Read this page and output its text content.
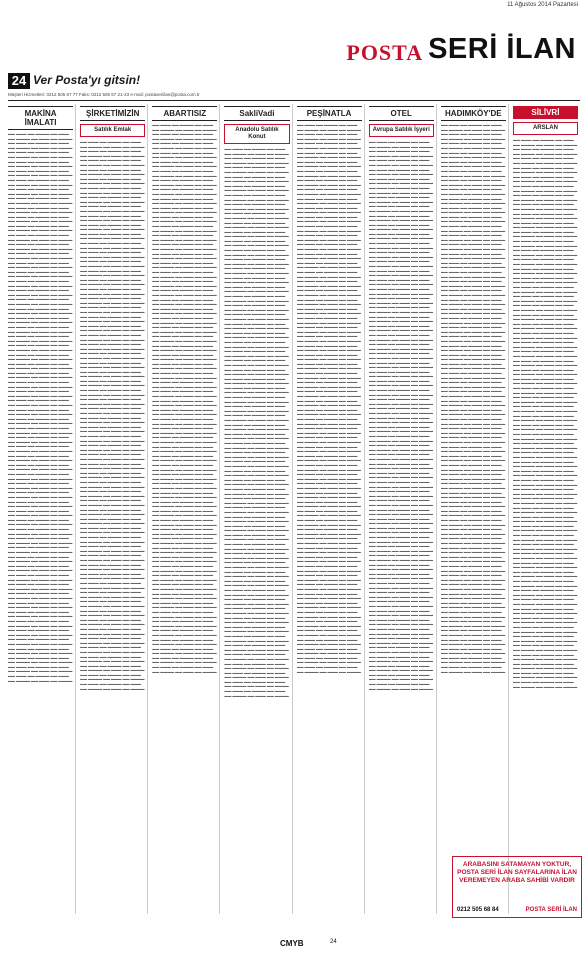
11 Ağustos 2014 Pazartesi
POSTA SERİ İLAN
24 Ver Posta'yı gitsin!
Müşteri Hizmetleri: 0212 505 67 77 Faks: 0212 505 67 21-23 e-mail: postaseriilan@posta.com.tr
MAKİNA İMALATI
▬▬ ▬▬▬ ▬▬ ▬▬▬▬ ▬▬ ▬▬▬ ▬▬ ▬▬▬▬ ▬▬ ▬▬▬ ▬▬ ▬▬▬▬ ▬▬ ▬▬▬ ▬▬ ▬▬▬▬ ▬▬ ▬▬▬ ▬▬ ▬▬▬▬ ▬▬ ▬▬▬ ▬▬ ▬▬▬▬ ▬▬ ▬▬▬ ▬▬ ▬▬▬▬ ▬▬ ▬▬▬ ▬▬ ▬▬▬▬ ▬▬ ▬▬▬ ▬▬ ▬▬▬▬ ▬▬ ▬▬▬ ▬▬ ▬▬▬▬ ▬▬ ▬▬▬ ▬▬ ▬▬▬▬ ▬▬ ▬▬▬ ▬▬ ▬▬▬▬ ▬▬ ▬▬▬ ▬▬ ▬▬▬▬ ▬▬ ▬▬▬ ▬▬ ▬▬▬▬ ▬▬ ▬▬▬ ▬▬ ▬▬▬▬ ▬▬ ▬▬▬ ▬▬ ▬▬▬▬ ▬▬ ▬▬▬ ▬▬ ▬▬▬▬ ▬▬ ▬▬▬ ▬▬ ▬▬▬▬ ▬▬ ▬▬▬ ▬▬ ▬▬▬▬ ▬▬ ▬▬▬ ▬▬ ▬▬▬▬ ▬▬ ▬▬▬ ▬▬ ▬▬▬▬ ▬▬ ▬▬▬ ▬▬ ▬▬▬▬ ▬▬ ▬▬▬ ▬▬ ▬▬▬▬ ▬▬ ▬▬▬ ▬▬ ▬▬▬▬ ▬▬ ▬▬▬ ▬▬ ▬▬▬▬ ▬▬ ▬▬▬ ▬▬ ▬▬▬▬ ▬▬ ▬▬▬ ▬▬ ▬▬▬▬ ▬▬ ▬▬▬ ▬▬ ▬▬▬▬ ▬▬ ▬▬▬ ▬▬ ▬▬▬▬ ▬▬ ▬▬▬ ▬▬ ▬▬▬▬ ▬▬ ▬▬▬ ▬▬ ▬▬▬▬ ▬▬ ▬▬▬ ▬▬ ▬▬▬▬ ▬▬ ▬▬▬ ▬▬ ▬▬▬▬ ▬▬ ▬▬▬ ▬▬ ▬▬▬▬ ▬▬ ▬▬▬ ▬▬ ▬▬▬▬ ▬▬ ▬▬▬ ▬▬ ▬▬▬▬ ▬▬ ▬▬▬ ▬▬ ▬▬▬▬ ▬▬ ▬▬▬ ▬▬ ▬▬▬▬ ▬▬ ▬▬▬ ▬▬ ▬▬▬▬ ▬▬ ▬▬▬ ▬▬ ▬▬▬▬ ▬▬ ▬▬▬ ▬▬ ▬▬▬▬ ▬▬ ▬▬▬ ▬▬ ▬▬▬▬ ▬▬ ▬▬▬ ▬▬ ▬▬▬▬ ▬▬ ▬▬▬ ▬▬ ▬▬▬▬ ▬▬ ▬▬▬ ▬▬ ▬▬▬▬ ▬▬ ▬▬▬ ▬▬ ▬▬▬▬ ▬▬ ▬▬▬ ▬▬ ▬▬▬▬ ▬▬ ▬▬▬ ▬▬ ▬▬▬▬ ▬▬ ▬▬▬ ▬▬ ▬▬▬▬ ▬▬ ▬▬▬ ▬▬ ▬▬▬▬ ▬▬ ▬▬▬ ▬▬ ▬▬▬▬ ▬▬ ▬▬▬ ▬▬ ▬▬▬▬ ▬▬ ▬▬▬ ▬▬ ▬▬▬▬ ▬▬ ▬▬▬ ▬▬ ▬▬▬▬ ▬▬ ▬▬▬ ▬▬ ▬▬▬▬ ▬▬ ▬▬▬ ▬▬ ▬▬▬▬ ▬▬ ▬▬▬ ▬▬ ▬▬▬▬ ▬▬ ▬▬▬ ▬▬ ▬▬▬▬ ▬▬ ▬▬▬ ▬▬ ▬▬▬▬ ▬▬ ▬▬▬ ▬▬ ▬▬▬▬ ▬▬ ▬▬▬ ▬▬ ▬▬▬▬ ▬▬ ▬▬▬ ▬▬ ▬▬▬▬ ▬▬ ▬▬▬ ▬▬ ▬▬▬▬ ▬▬ ▬▬▬ ▬▬ ▬▬▬▬ ▬▬ ▬▬▬ ▬▬ ▬▬▬▬ ▬▬ ▬▬▬ ▬▬ ▬▬▬▬ ▬▬ ▬▬▬ ▬▬ ▬▬▬▬ ▬▬ ▬▬▬ ▬▬ ▬▬▬▬ ▬▬ ▬▬▬ ▬▬ ▬▬▬▬ ▬▬ ▬▬▬ ▬▬ ▬▬▬▬ ▬▬ ▬▬▬ ▬▬ ▬▬▬▬ ▬▬ ▬▬▬ ▬▬ ▬▬▬▬ ▬▬ ▬▬▬ ▬▬ ▬▬▬▬ ▬▬ ▬▬▬ ▬▬ ▬▬▬▬ ▬▬ ▬▬▬ ▬▬ ▬▬▬▬ ▬▬ ▬▬▬ ▬▬ ▬▬▬▬ ▬▬ ▬▬▬ ▬▬ ▬▬▬▬ ▬▬ ▬▬▬ ▬▬ ▬▬▬▬ ▬▬ ▬▬▬ ▬▬ ▬▬▬▬ ▬▬ ▬▬▬ ▬▬ ▬▬▬▬ ▬▬ ▬▬▬ ▬▬ ▬▬▬▬ ▬▬ ▬▬▬ ▬▬ ▬▬▬▬ ▬▬ ▬▬▬ ▬▬ ▬▬▬▬ ▬▬ ▬▬▬ ▬▬ ▬▬▬▬ ▬▬ ▬▬▬ ▬▬ ▬▬▬▬ ▬▬ ▬▬▬ ▬▬ ▬▬▬▬ ▬▬ ▬▬▬ ▬▬ ▬▬▬▬ ▬▬ ▬▬▬ ▬▬ ▬▬▬▬ ▬▬ ▬▬▬ ▬▬ ▬▬▬▬ ▬▬ ▬▬▬ ▬▬ ▬▬▬▬ ▬▬ ▬▬▬ ▬▬ ▬▬▬▬ ▬▬ ▬▬▬ ▬▬ ▬▬▬▬ ▬▬ ▬▬▬ ▬▬ ▬▬▬▬ ▬▬ ▬▬▬ ▬▬ ▬▬▬▬ ▬▬ ▬▬▬ ▬▬ ▬▬▬▬ ▬▬ ▬▬▬ ▬▬ ▬▬▬▬ ▬▬ ▬▬▬ ▬▬ ▬▬▬▬ ▬▬ ▬▬▬ ▬▬ ▬▬▬▬ ▬▬ ▬▬▬ ▬▬ ▬▬▬▬ ▬▬ ▬▬▬ ▬▬ ▬▬▬▬ ▬▬ ▬▬▬ ▬▬ ▬▬▬▬ ▬▬ ▬▬▬ ▬▬ ▬▬▬▬ ▬▬ ▬▬▬ ▬▬ ▬▬▬▬ ▬▬ ▬▬▬ ▬▬ ▬▬▬▬ ▬▬ ▬▬▬ ▬▬ ▬▬▬▬ ▬▬ ▬▬▬ ▬▬ ▬▬▬▬ ▬▬ ▬▬▬ ▬▬ ▬▬▬▬ ▬▬ ▬▬▬ ▬▬ ▬▬▬▬ ▬▬ ▬▬▬ ▬▬ ▬▬▬▬ ▬▬ ▬▬▬ ▬▬ ▬▬▬▬ ▬▬ ▬▬▬ ▬▬ ▬▬▬▬ ▬▬ ▬▬▬ ▬▬ ▬▬▬▬ ▬▬ ▬▬▬ ▬▬ ▬▬▬▬ ▬▬ ▬▬▬ ▬▬ ▬▬▬▬ ▬▬ ▬▬▬ ▬▬ ▬▬▬▬ ▬▬ ▬▬▬ ▬▬ ▬▬▬▬ ▬▬ ▬▬▬ ▬▬ ▬▬▬▬ ▬▬ ▬▬▬ ▬▬ ▬▬▬▬ ▬▬ ▬▬▬ ▬▬ ▬▬▬▬ ▬▬ ▬▬▬ ▬▬ ▬▬▬▬ ▬▬ ▬▬▬ ▬▬ ▬▬▬▬ ▬▬ ▬▬▬ ▬▬ ▬▬▬▬ ▬▬ ▬▬▬ ▬▬ ▬▬▬▬ ▬▬ ▬▬▬ ▬▬ ▬▬▬▬ ▬▬ ▬▬▬ ▬▬ ▬▬▬▬ ▬▬ ▬▬▬ ▬▬ ▬▬▬▬ ▬▬ ▬▬▬ ▬▬ ▬▬▬▬ ▬▬ ▬▬▬ ▬▬ ▬▬▬▬ ▬▬ ▬▬▬ ▬▬ ▬▬▬▬ ▬▬ ▬▬▬ ▬▬ ▬▬▬▬ ▬▬ ▬▬▬ ▬▬ ▬▬▬▬ ▬▬ ▬▬▬ ▬▬ ▬▬▬▬ ▬▬ ▬▬▬ ▬▬ ▬▬▬▬ ▬▬ ▬▬▬ ▬▬ ▬▬▬▬ ▬▬ ▬▬▬ ▬▬ ▬▬▬▬ ▬▬ ▬▬▬ ▬▬ ▬▬▬▬ ▬▬ ▬▬▬ ▬▬ ▬▬▬▬ ▬▬ ▬▬▬ ▬▬ ▬▬▬▬ ▬▬ ▬▬▬ ▬▬ ▬▬▬▬ ▬▬ ▬▬▬ ▬▬ ▬▬▬▬ ▬▬ ▬▬▬ ▬▬ ▬▬▬▬ ▬▬ ▬▬▬ ▬▬ ▬▬▬▬ ▬▬ ▬▬▬ ▬▬ ▬▬▬▬ ▬▬ ▬▬▬ ▬▬ ▬▬▬▬ ▬▬ ▬▬▬ ▬▬ ▬▬▬▬ ▬▬ ▬▬▬ ▬▬ ▬▬▬▬ ▬▬ ▬▬▬ ▬▬ ▬▬▬▬ ▬▬ ▬▬▬ ▬▬ ▬▬▬▬ ▬▬ ▬▬▬ ▬▬ ▬▬▬▬ ▬▬ ▬▬▬ ▬▬ ▬▬▬▬ ▬▬ ▬▬▬ ▬▬ ▬▬▬▬ ▬▬ ▬▬▬ ▬▬ ▬▬▬▬ ▬▬ ▬▬▬ ▬▬ ▬▬▬▬ ▬▬ ▬▬▬ ▬▬ ▬▬▬▬ ▬▬ ▬▬▬ ▬▬ ▬▬▬▬ ▬▬ ▬▬▬ ▬▬ ▬▬▬▬ ▬▬ ▬▬▬ ▬▬ ▬▬▬▬ ▬▬ ▬▬▬ ▬▬ ▬▬▬▬ ▬▬ ▬▬▬ ▬▬ ▬▬▬▬ ▬▬ ▬▬▬ ▬▬ ▬▬▬▬ ▬▬ ▬▬▬ ▬▬ ▬▬▬▬ ▬▬ ▬▬▬ ▬▬ ▬▬▬▬ ▬▬ ▬▬▬ ▬▬ ▬▬▬▬ ▬▬ ▬▬▬ ▬▬ ▬▬▬▬ ▬▬ ▬▬▬ ▬▬ ▬▬▬▬ ▬▬ ▬▬▬ ▬▬ ▬▬▬▬ ▬▬ ▬▬▬ ▬▬ ▬▬▬▬ ▬▬ ▬▬▬ ▬▬ ▬▬▬▬ ▬▬ ▬▬▬ ▬▬ ▬▬▬▬ ▬▬ ▬▬▬ ▬▬ ▬▬▬▬ ▬▬ ▬▬▬ ▬▬ ▬▬▬▬ ▬▬ ▬▬▬ ▬▬ ▬▬▬▬ ▬▬ ▬▬▬ ▬▬ ▬▬▬▬ ▬▬ ▬▬▬ ▬▬ ▬▬▬▬ ▬▬ ▬▬▬ ▬▬ ▬▬▬▬ ▬▬ ▬▬▬ ▬▬ ▬▬▬▬ ▬▬ ▬▬▬ ▬▬ ▬▬▬▬ ▬▬ ▬▬▬ ▬▬ ▬▬▬▬ ▬▬ ▬▬▬ ▬▬ ▬▬▬▬ ▬▬ ▬▬▬ ▬▬ ▬▬▬▬
ŞİRKETİMİZİN
Satılık Emlak
▬▬ ▬▬▬ ▬▬ ▬▬▬▬ ▬▬ ▬▬▬ ▬▬ ▬▬▬▬ ▬▬ ▬▬▬ ▬▬ ▬▬▬▬ ▬▬ ▬▬▬ ▬▬ ▬▬▬▬ ▬▬ ▬▬▬ ▬▬ ▬▬▬▬ ▬▬ ▬▬▬ ▬▬ ▬▬▬▬ ▬▬ ▬▬▬ ▬▬ ▬▬▬▬ ▬▬ ▬▬▬ ▬▬ ▬▬▬▬ ▬▬ ▬▬▬ ▬▬ ▬▬▬▬ ▬▬ ▬▬▬ ▬▬ ▬▬▬▬ ▬▬ ▬▬▬ ▬▬ ▬▬▬▬ ▬▬ ▬▬▬ ▬▬ ▬▬▬▬ ▬▬ ▬▬▬ ▬▬ ▬▬▬▬ ▬▬ ▬▬▬ ▬▬ ▬▬▬▬ ▬▬ ▬▬▬ ▬▬ ▬▬▬▬ ▬▬ ▬▬▬ ▬▬ ▬▬▬▬ ▬▬ ▬▬▬ ▬▬ ▬▬▬▬ ▬▬ ▬▬▬ ▬▬ ▬▬▬▬ ▬▬ ▬▬▬ ▬▬ ▬▬▬▬ ▬▬ ▬▬▬ ▬▬ ▬▬▬▬ ▬▬ ▬▬▬ ▬▬ ▬▬▬▬ ▬▬ ▬▬▬ ▬▬ ▬▬▬▬ ▬▬ ▬▬▬ ▬▬ ▬▬▬▬ ▬▬ ▬▬▬ ▬▬ ▬▬▬▬ ▬▬ ▬▬▬ ▬▬ ▬▬▬▬ ▬▬ ▬▬▬ ▬▬ ▬▬▬▬ ▬▬ ▬▬▬ ▬▬ ▬▬▬▬ ▬▬ ▬▬▬ ▬▬ ▬▬▬▬ ▬▬ ▬▬▬ ▬▬ ▬▬▬▬ ▬▬ ▬▬▬ ▬▬ ▬▬▬▬ ▬▬ ▬▬▬ ▬▬ ▬▬▬▬ ▬▬ ▬▬▬ ▬▬ ▬▬▬▬ ▬▬ ▬▬▬ ▬▬ ▬▬▬▬ ▬▬ ▬▬▬ ▬▬ ▬▬▬▬ ▬▬ ▬▬▬ ▬▬ ▬▬▬▬ ▬▬ ▬▬▬ ▬▬ ▬▬▬▬ ▬▬ ▬▬▬ ▬▬ ▬▬▬▬ ▬▬ ▬▬▬ ▬▬ ▬▬▬▬ ▬▬ ▬▬▬ ▬▬ ▬▬▬▬ ▬▬ ▬▬▬ ▬▬ ▬▬▬▬ ▬▬ ▬▬▬ ▬▬ ▬▬▬▬ ▬▬ ▬▬▬ ▬▬ ▬▬▬▬ ▬▬ ▬▬▬ ▬▬ ▬▬▬▬ ▬▬ ▬▬▬ ▬▬ ▬▬▬▬ ▬▬ ▬▬▬ ▬▬ ▬▬▬▬ ▬▬ ▬▬▬ ▬▬ ▬▬▬▬ ▬▬ ▬▬▬ ▬▬ ▬▬▬▬ ▬▬ ▬▬▬ ▬▬ ▬▬▬▬ ▬▬ ▬▬▬ ▬▬ ▬▬▬▬ ▬▬ ▬▬▬ ▬▬ ▬▬▬▬ ▬▬ ▬▬▬ ▬▬ ▬▬▬▬ ▬▬ ▬▬▬ ▬▬ ▬▬▬▬ ▬▬ ▬▬▬ ▬▬ ▬▬▬▬ ▬▬ ▬▬▬ ▬▬ ▬▬▬▬ ▬▬ ▬▬▬ ▬▬ ▬▬▬▬ ▬▬ ▬▬▬ ▬▬ ▬▬▬▬ ▬▬ ▬▬▬ ▬▬ ▬▬▬▬ ▬▬ ▬▬▬ ▬▬ ▬▬▬▬ ▬▬ ▬▬▬ ▬▬ ▬▬▬▬ ▬▬ ▬▬▬ ▬▬ ▬▬▬▬ ▬▬ ▬▬▬ ▬▬ ▬▬▬▬ ▬▬ ▬▬▬ ▬▬ ▬▬▬▬ ▬▬ ▬▬▬ ▬▬ ▬▬▬▬ ▬▬ ▬▬▬ ▬▬ ▬▬▬▬ ▬▬ ▬▬▬ ▬▬ ▬▬▬▬ ▬▬ ▬▬▬ ▬▬ ▬▬▬▬ ▬▬ ▬▬▬ ▬▬ ▬▬▬▬ ▬▬ ▬▬▬ ▬▬ ▬▬▬▬ ▬▬ ▬▬▬ ▬▬ ▬▬▬▬ ▬▬ ▬▬▬ ▬▬ ▬▬▬▬ ▬▬ ▬▬▬ ▬▬ ▬▬▬▬ ▬▬ ▬▬▬ ▬▬ ▬▬▬▬ ▬▬ ▬▬▬ ▬▬ ▬▬▬▬ ▬▬ ▬▬▬ ▬▬ ▬▬▬▬ ▬▬ ▬▬▬ ▬▬ ▬▬▬▬ ▬▬ ▬▬▬ ▬▬ ▬▬▬▬ ▬▬ ▬▬▬ ▬▬ ▬▬▬▬ ▬▬ ▬▬▬ ▬▬ ▬▬▬▬ ▬▬ ▬▬▬ ▬▬ ▬▬▬▬ ▬▬ ▬▬▬ ▬▬ ▬▬▬▬ ▬▬ ▬▬▬ ▬▬ ▬▬▬▬ ▬▬ ▬▬▬ ▬▬ ▬▬▬▬ ▬▬ ▬▬▬ ▬▬ ▬▬▬▬ ▬▬ ▬▬▬ ▬▬ ▬▬▬▬ ▬▬ ▬▬▬ ▬▬ ▬▬▬▬ ▬▬ ▬▬▬ ▬▬ ▬▬▬▬ ▬▬ ▬▬▬ ▬▬ ▬▬▬▬ ▬▬ ▬▬▬ ▬▬ ▬▬▬▬ ▬▬ ▬▬▬ ▬▬ ▬▬▬▬ ▬▬ ▬▬▬ ▬▬ ▬▬▬▬ ▬▬ ▬▬▬ ▬▬ ▬▬▬▬ ▬▬ ▬▬▬ ▬▬ ▬▬▬▬ ▬▬ ▬▬▬ ▬▬ ▬▬▬▬ ▬▬ ▬▬▬ ▬▬ ▬▬▬▬ ▬▬ ▬▬▬ ▬▬ ▬▬▬▬ ▬▬ ▬▬▬ ▬▬ ▬▬▬▬ ▬▬ ▬▬▬ ▬▬ ▬▬▬▬ ▬▬ ▬▬▬ ▬▬ ▬▬▬▬ ▬▬ ▬▬▬ ▬▬ ▬▬▬▬ ▬▬ ▬▬▬ ▬▬ ▬▬▬▬ ▬▬ ▬▬▬ ▬▬ ▬▬▬▬ ▬▬ ▬▬▬ ▬▬ ▬▬▬▬ ▬▬ ▬▬▬ ▬▬ ▬▬▬▬ ▬▬ ▬▬▬ ▬▬ ▬▬▬▬ ▬▬ ▬▬▬ ▬▬ ▬▬▬▬ ▬▬ ▬▬▬ ▬▬ ▬▬▬▬ ▬▬ ▬▬▬ ▬▬ ▬▬▬▬ ▬▬ ▬▬▬ ▬▬ ▬▬▬▬ ▬▬ ▬▬▬ ▬▬ ▬▬▬▬ ▬▬ ▬▬▬ ▬▬ ▬▬▬▬ ▬▬ ▬▬▬ ▬▬ ▬▬▬▬ ▬▬ ▬▬▬ ▬▬ ▬▬▬▬ ▬▬ ▬▬▬ ▬▬ ▬▬▬▬ ▬▬ ▬▬▬ ▬▬ ▬▬▬▬ ▬▬ ▬▬▬ ▬▬ ▬▬▬▬ ▬▬ ▬▬▬ ▬▬ ▬▬▬▬ ▬▬ ▬▬▬ ▬▬ ▬▬▬▬ ▬▬ ▬▬▬ ▬▬ ▬▬▬▬ ▬▬ ▬▬▬ ▬▬ ▬▬▬▬ ▬▬ ▬▬▬ ▬▬ ▬▬▬▬ ▬▬ ▬▬▬ ▬▬ ▬▬▬▬ ▬▬ ▬▬▬ ▬▬ ▬▬▬▬ ▬▬ ▬▬▬ ▬▬ ▬▬▬▬ ▬▬ ▬▬▬ ▬▬ ▬▬▬▬ ▬▬ ▬▬▬ ▬▬ ▬▬▬▬ ▬▬ ▬▬▬ ▬▬ ▬▬▬▬ ▬▬ ▬▬▬ ▬▬ ▬▬▬▬ ▬▬ ▬▬▬ ▬▬ ▬▬▬▬ ▬▬ ▬▬▬ ▬▬ ▬▬▬▬ ▬▬ ▬▬▬ ▬▬ ▬▬▬▬ ▬▬ ▬▬▬ ▬▬ ▬▬▬▬ ▬▬ ▬▬▬ ▬▬ ▬▬▬▬ ▬▬ ▬▬▬ ▬▬ ▬▬▬▬ ▬▬ ▬▬▬ ▬▬ ▬▬▬▬ ▬▬ ▬▬▬ ▬▬ ▬▬▬▬ ▬▬ ▬▬▬ ▬▬ ▬▬▬▬ ▬▬ ▬▬▬ ▬▬ ▬▬▬▬ ▬▬ ▬▬▬ ▬▬ ▬▬▬▬ ▬▬ ▬▬▬ ▬▬ ▬▬▬▬ ▬▬ ▬▬▬ ▬▬ ▬▬▬▬ ▬▬ ▬▬▬ ▬▬ ▬▬▬▬ ▬▬ ▬▬▬ ▬▬ ▬▬▬▬ ▬▬ ▬▬▬ ▬▬ ▬▬▬▬ ▬▬ ▬▬▬ ▬▬ ▬▬▬▬ ▬▬ ▬▬▬ ▬▬ ▬▬▬▬ ▬▬ ▬▬▬ ▬▬ ▬▬▬▬ ▬▬ ▬▬▬ ▬▬ ▬▬▬▬ ▬▬ ▬▬▬ ▬▬ ▬▬▬▬ ▬▬ ▬▬▬ ▬▬ ▬▬▬▬ ▬▬ ▬▬▬ ▬▬ ▬▬▬▬ ▬▬ ▬▬▬ ▬▬ ▬▬▬▬ ▬▬ ▬▬▬ ▬▬ ▬▬▬▬ ▬▬ ▬▬▬ ▬▬ ▬▬▬▬ ▬▬ ▬▬▬ ▬▬ ▬▬▬▬ ▬▬ ▬▬▬ ▬▬ ▬▬▬▬ ▬▬ ▬▬▬ ▬▬ ▬▬▬▬ ▬▬ ▬▬▬ ▬▬ ▬▬▬▬ ▬▬ ▬▬▬ ▬▬ ▬▬▬▬ ▬▬ ▬▬▬ ▬▬ ▬▬▬▬ ▬▬ ▬▬▬ ▬▬ ▬▬▬▬ ▬▬ ▬▬▬ ▬▬ ▬▬▬▬ ▬▬ ▬▬▬ ▬▬ ▬▬▬▬ ▬▬ ▬▬▬ ▬▬ ▬▬▬▬ ▬▬ ▬▬▬ ▬▬ ▬▬▬▬ ▬▬ ▬▬▬ ▬▬ ▬▬▬▬ ▬▬ ▬▬▬ ▬▬ ▬▬▬▬ ▬▬ ▬▬▬ ▬▬ ▬▬▬▬ ▬▬ ▬▬▬ ▬▬ ▬▬▬▬ ▬▬ ▬▬▬ ▬▬ ▬▬▬▬ ▬▬ ▬▬▬ ▬▬ ▬▬▬▬ ▬▬ ▬▬▬ ▬▬ ▬▬▬▬ ▬▬ ▬▬▬ ▬▬ ▬▬▬▬ ▬▬ ▬▬▬ ▬▬ ▬▬▬▬ ▬▬ ▬▬▬ ▬▬ ▬▬▬▬ ▬▬ ▬▬▬ ▬▬ ▬▬▬▬ ▬▬ ▬▬▬ ▬▬ ▬▬▬▬ ▬▬ ▬▬▬ ▬▬ ▬▬▬▬ ▬▬ ▬▬▬ ▬▬ ▬▬▬▬ ▬▬ ▬▬▬ ▬▬ ▬▬▬▬ ▬▬ ▬▬▬ ▬▬ ▬▬▬▬
ABARTISIZ
▬▬ ▬▬▬ ▬▬ ▬▬▬▬ ▬▬ ▬▬▬ ▬▬ ▬▬▬▬ ▬▬ ▬▬▬ ▬▬ ▬▬▬▬ ▬▬ ▬▬▬ ▬▬ ▬▬▬▬ ▬▬ ▬▬▬ ▬▬ ▬▬▬▬ ▬▬ ▬▬▬ ▬▬ ▬▬▬▬ ▬▬ ▬▬▬ ▬▬ ▬▬▬▬ ▬▬ ▬▬▬ ▬▬ ▬▬▬▬ ▬▬ ▬▬▬ ▬▬ ▬▬▬▬ ▬▬ ▬▬▬ ▬▬ ▬▬▬▬ ▬▬ ▬▬▬ ▬▬ ▬▬▬▬ ▬▬ ▬▬▬ ▬▬ ▬▬▬▬ ▬▬ ▬▬▬ ▬▬ ▬▬▬▬ ▬▬ ▬▬▬ ▬▬ ▬▬▬▬ ▬▬ ▬▬▬ ▬▬ ▬▬▬▬ ▬▬ ▬▬▬ ▬▬ ▬▬▬▬ ▬▬ ▬▬▬ ▬▬ ▬▬▬▬ ▬▬ ▬▬▬ ▬▬ ▬▬▬▬ ▬▬ ▬▬▬ ▬▬ ▬▬▬▬ ▬▬ ▬▬▬ ▬▬ ▬▬▬▬ ▬▬ ▬▬▬ ▬▬ ▬▬▬▬ ▬▬ ▬▬▬ ▬▬ ▬▬▬▬ ▬▬ ▬▬▬ ▬▬ ▬▬▬▬ ▬▬ ▬▬▬ ▬▬ ▬▬▬▬ ▬▬ ▬▬▬ ▬▬ ▬▬▬▬ ▬▬ ▬▬▬ ▬▬ ▬▬▬▬ ▬▬ ▬▬▬ ▬▬ ▬▬▬▬ ▬▬ ▬▬▬ ▬▬ ▬▬▬▬ ▬▬ ▬▬▬ ▬▬ ▬▬▬▬ ▬▬ ▬▬▬ ▬▬ ▬▬▬▬ ▬▬ ▬▬▬ ▬▬ ▬▬▬▬ ▬▬ ▬▬▬ ▬▬ ▬▬▬▬ ▬▬ ▬▬▬ ▬▬ ▬▬▬▬ ▬▬ ▬▬▬ ▬▬ ▬▬▬▬ ▬▬ ▬▬▬ ▬▬ ▬▬▬▬ ▬▬ ▬▬▬ ▬▬ ▬▬▬▬ ▬▬ ▬▬▬ ▬▬ ▬▬▬▬ ▬▬ ▬▬▬ ▬▬ ▬▬▬▬ ▬▬ ▬▬▬ ▬▬ ▬▬▬▬ ▬▬ ▬▬▬ ▬▬ ▬▬▬▬ ▬▬ ▬▬▬ ▬▬ ▬▬▬▬ ▬▬ ▬▬▬ ▬▬ ▬▬▬▬ ▬▬ ▬▬▬ ▬▬ ▬▬▬▬ ▬▬ ▬▬▬ ▬▬ ▬▬▬▬ ▬▬ ▬▬▬ ▬▬ ▬▬▬▬ ▬▬ ▬▬▬ ▬▬ ▬▬▬▬ ▬▬ ▬▬▬ ▬▬ ▬▬▬▬ ▬▬ ▬▬▬ ▬▬ ▬▬▬▬ ▬▬ ▬▬▬ ▬▬ ▬▬▬▬ ▬▬ ▬▬▬ ▬▬ ▬▬▬▬ ▬▬ ▬▬▬ ▬▬ ▬▬▬▬ ▬▬ ▬▬▬ ▬▬ ▬▬▬▬ ▬▬ ▬▬▬ ▬▬ ▬▬▬▬ ▬▬ ▬▬▬ ▬▬ ▬▬▬▬ ▬▬ ▬▬▬ ▬▬ ▬▬▬▬ ▬▬ ▬▬▬ ▬▬ ▬▬▬▬ ▬▬ ▬▬▬ ▬▬ ▬▬▬▬ ▬▬ ▬▬▬ ▬▬ ▬▬▬▬ ▬▬ ▬▬▬ ▬▬ ▬▬▬▬ ▬▬ ▬▬▬ ▬▬ ▬▬▬▬ ▬▬ ▬▬▬ ▬▬ ▬▬▬▬ ▬▬ ▬▬▬ ▬▬ ▬▬▬▬ ▬▬ ▬▬▬ ▬▬ ▬▬▬▬ ▬▬ ▬▬▬ ▬▬ ▬▬▬▬ ▬▬ ▬▬▬ ▬▬ ▬▬▬▬ ▬▬ ▬▬▬ ▬▬ ▬▬▬▬ ▬▬ ▬▬▬ ▬▬ ▬▬▬▬ ▬▬ ▬▬▬ ▬▬ ▬▬▬▬ ▬▬ ▬▬▬ ▬▬ ▬▬▬▬ ▬▬ ▬▬▬ ▬▬ ▬▬▬▬ ▬▬ ▬▬▬ ▬▬ ▬▬▬▬ ▬▬ ▬▬▬ ▬▬ ▬▬▬▬ ▬▬ ▬▬▬ ▬▬ ▬▬▬▬ ▬▬ ▬▬▬ ▬▬ ▬▬▬▬ ▬▬ ▬▬▬ ▬▬ ▬▬▬▬ ▬▬ ▬▬▬ ▬▬ ▬▬▬▬ ▬▬ ▬▬▬ ▬▬ ▬▬▬▬ ▬▬ ▬▬▬ ▬▬ ▬▬▬▬ ▬▬ ▬▬▬ ▬▬ ▬▬▬▬ ▬▬ ▬▬▬ ▬▬ ▬▬▬▬ ▬▬ ▬▬▬ ▬▬ ▬▬▬▬ ▬▬ ▬▬▬ ▬▬ ▬▬▬▬ ▬▬ ▬▬▬ ▬▬ ▬▬▬▬ ▬▬ ▬▬▬ ▬▬ ▬▬▬▬ ▬▬ ▬▬▬ ▬▬ ▬▬▬▬ ▬▬ ▬▬▬ ▬▬ ▬▬▬▬ ▬▬ ▬▬▬ ▬▬ ▬▬▬▬ ▬▬ ▬▬▬ ▬▬ ▬▬▬▬ ▬▬ ▬▬▬ ▬▬ ▬▬▬▬ ▬▬ ▬▬▬ ▬▬ ▬▬▬▬ ▬▬ ▬▬▬ ▬▬ ▬▬▬▬ ▬▬ ▬▬▬ ▬▬ ▬▬▬▬ ▬▬ ▬▬▬ ▬▬ ▬▬▬▬ ▬▬ ▬▬▬ ▬▬ ▬▬▬▬ ▬▬ ▬▬▬ ▬▬ ▬▬▬▬ ▬▬ ▬▬▬ ▬▬ ▬▬▬▬ ▬▬ ▬▬▬ ▬▬ ▬▬▬▬ ▬▬ ▬▬▬ ▬▬ ▬▬▬▬ ▬▬ ▬▬▬ ▬▬ ▬▬▬▬ ▬▬ ▬▬▬ ▬▬ ▬▬▬▬ ▬▬ ▬▬▬ ▬▬ ▬▬▬▬ ▬▬ ▬▬▬ ▬▬ ▬▬▬▬ ▬▬ ▬▬▬ ▬▬ ▬▬▬▬ ▬▬ ▬▬▬ ▬▬ ▬▬▬▬ ▬▬ ▬▬▬ ▬▬ ▬▬▬▬ ▬▬ ▬▬▬ ▬▬ ▬▬▬▬ ▬▬ ▬▬▬ ▬▬ ▬▬▬▬ ▬▬ ▬▬▬ ▬▬ ▬▬▬▬ ▬▬ ▬▬▬ ▬▬ ▬▬▬▬ ▬▬ ▬▬▬ ▬▬ ▬▬▬▬ ▬▬ ▬▬▬ ▬▬ ▬▬▬▬ ▬▬ ▬▬▬ ▬▬ ▬▬▬▬ ▬▬ ▬▬▬ ▬▬ ▬▬▬▬ ▬▬ ▬▬▬ ▬▬ ▬▬▬▬ ▬▬ ▬▬▬ ▬▬ ▬▬▬▬ ▬▬ ▬▬▬ ▬▬ ▬▬▬▬ ▬▬ ▬▬▬ ▬▬ ▬▬▬▬ ▬▬ ▬▬▬ ▬▬ ▬▬▬▬ ▬▬ ▬▬▬ ▬▬ ▬▬▬▬ ▬▬ ▬▬▬ ▬▬ ▬▬▬▬ ▬▬ ▬▬▬ ▬▬ ▬▬▬▬ ▬▬ ▬▬▬ ▬▬ ▬▬▬▬ ▬▬ ▬▬▬ ▬▬ ▬▬▬▬ ▬▬ ▬▬▬ ▬▬ ▬▬▬▬ ▬▬ ▬▬▬ ▬▬ ▬▬▬▬ ▬▬ ▬▬▬ ▬▬ ▬▬▬▬ ▬▬ ▬▬▬ ▬▬ ▬▬▬▬ ▬▬ ▬▬▬ ▬▬ ▬▬▬▬ ▬▬ ▬▬▬ ▬▬ ▬▬▬▬ ▬▬ ▬▬▬ ▬▬ ▬▬▬▬ ▬▬ ▬▬▬ ▬▬ ▬▬▬▬ ▬▬ ▬▬▬ ▬▬ ▬▬▬▬ ▬▬ ▬▬▬ ▬▬ ▬▬▬▬ ▬▬ ▬▬▬ ▬▬ ▬▬▬▬ ▬▬ ▬▬▬ ▬▬ ▬▬▬▬ ▬▬ ▬▬▬ ▬▬ ▬▬▬▬ ▬▬ ▬▬▬ ▬▬ ▬▬▬▬ ▬▬ ▬▬▬ ▬▬ ▬▬▬▬ ▬▬ ▬▬▬ ▬▬ ▬▬▬▬ ▬▬ ▬▬▬ ▬▬ ▬▬▬▬ ▬▬ ▬▬▬ ▬▬ ▬▬▬▬ ▬▬ ▬▬▬ ▬▬ ▬▬▬▬ ▬▬ ▬▬▬ ▬▬ ▬▬▬▬ ▬▬ ▬▬▬ ▬▬ ▬▬▬▬ ▬▬ ▬▬▬ ▬▬ ▬▬▬▬ ▬▬ ▬▬▬ ▬▬ ▬▬▬▬ ▬▬ ▬▬▬ ▬▬ ▬▬▬▬ ▬▬ ▬▬▬ ▬▬ ▬▬▬▬ ▬▬ ▬▬▬ ▬▬ ▬▬▬▬ ▬▬ ▬▬▬ ▬▬ ▬▬▬▬ ▬▬ ▬▬▬ ▬▬ ▬▬▬▬ ▬▬ ▬▬▬ ▬▬ ▬▬▬▬ ▬▬ ▬▬▬ ▬▬ ▬▬▬▬ ▬▬ ▬▬▬ ▬▬ ▬▬▬▬ ▬▬ ▬▬▬ ▬▬ ▬▬▬▬ ▬▬ ▬▬▬ ▬▬ ▬▬▬▬ ▬▬ ▬▬▬ ▬▬ ▬▬▬▬ ▬▬ ▬▬▬ ▬▬ ▬▬▬▬ ▬▬ ▬▬▬ ▬▬ ▬▬▬▬ ▬▬ ▬▬▬ ▬▬ ▬▬▬▬ ▬▬ ▬▬▬ ▬▬ ▬▬▬▬ ▬▬ ▬▬▬ ▬▬ ▬▬▬▬ ▬▬ ▬▬▬ ▬▬ ▬▬▬▬ ▬▬ ▬▬▬ ▬▬ ▬▬▬▬ ▬▬ ▬▬▬ ▬▬ ▬▬▬▬ ▬▬ ▬▬▬ ▬▬ ▬▬▬▬ ▬▬ ▬▬▬ ▬▬ ▬▬▬▬ ▬▬ ▬▬▬ ▬▬ ▬▬▬▬ ▬▬ ▬▬▬ ▬▬ ▬▬▬▬ ▬▬ ▬▬▬ ▬▬ ▬▬▬▬ ▬▬ ▬▬▬ ▬▬ ▬▬▬▬ ▬▬ ▬▬▬ ▬▬ ▬▬▬▬ ▬▬ ▬▬▬ ▬▬ ▬▬▬▬ ▬▬ ▬▬▬ ▬▬ ▬▬▬▬ ▬▬ ▬▬▬ ▬▬ ▬▬▬▬ ▬▬ ▬▬▬ ▬▬ ▬▬▬▬ ▬▬ ▬▬▬ ▬▬ ▬▬▬▬ ▬▬ ▬▬▬ ▬▬ ▬▬▬▬ ▬▬ ▬▬▬ ▬▬ ▬▬▬▬ ▬▬ ▬▬▬ ▬▬ ▬▬▬▬
SakliVadi
Anadolu Satılık Konut
▬▬ ▬▬▬ ▬▬ ▬▬▬▬ ▬▬ ▬▬▬ ▬▬ ▬▬▬▬ ▬▬ ▬▬▬ ▬▬ ▬▬▬▬ ▬▬ ▬▬▬ ▬▬ ▬▬▬▬ ▬▬ ▬▬▬ ▬▬ ▬▬▬▬ ▬▬ ▬▬▬ ▬▬ ▬▬▬▬ ▬▬ ▬▬▬ ▬▬ ▬▬▬▬ ▬▬ ▬▬▬ ▬▬ ▬▬▬▬ ▬▬ ▬▬▬ ▬▬ ▬▬▬▬ ▬▬ ▬▬▬ ▬▬ ▬▬▬▬ ▬▬ ▬▬▬ ▬▬ ▬▬▬▬ ▬▬ ▬▬▬ ▬▬ ▬▬▬▬ ▬▬ ▬▬▬ ▬▬ ▬▬▬▬ ▬▬ ▬▬▬ ▬▬ ▬▬▬▬ ▬▬ ▬▬▬ ▬▬ ▬▬▬▬ ▬▬ ▬▬▬ ▬▬ ▬▬▬▬ ▬▬ ▬▬▬ ▬▬ ▬▬▬▬ ▬▬ ▬▬▬ ▬▬ ▬▬▬▬ ▬▬ ▬▬▬ ▬▬ ▬▬▬▬ ▬▬ ▬▬▬ ▬▬ ▬▬▬▬ ▬▬ ▬▬▬ ▬▬ ▬▬▬▬ ▬▬ ▬▬▬ ▬▬ ▬▬▬▬ ▬▬ ▬▬▬ ▬▬ ▬▬▬▬ ▬▬ ▬▬▬ ▬▬ ▬▬▬▬ ▬▬ ▬▬▬ ▬▬ ▬▬▬▬ ▬▬ ▬▬▬ ▬▬ ▬▬▬▬ ▬▬ ▬▬▬ ▬▬ ▬▬▬▬ ▬▬ ▬▬▬ ▬▬ ▬▬▬▬ ▬▬ ▬▬▬ ▬▬ ▬▬▬▬ ▬▬ ▬▬▬ ▬▬ ▬▬▬▬ ▬▬ ▬▬▬ ▬▬ ▬▬▬▬ ▬▬ ▬▬▬ ▬▬ ▬▬▬▬ ▬▬ ▬▬▬ ▬▬ ▬▬▬▬ ▬▬ ▬▬▬ ▬▬ ▬▬▬▬ ▬▬ ▬▬▬ ▬▬ ▬▬▬▬ ▬▬ ▬▬▬ ▬▬ ▬▬▬▬ ▬▬ ▬▬▬ ▬▬ ▬▬▬▬ ▬▬ ▬▬▬ ▬▬ ▬▬▬▬ ▬▬ ▬▬▬ ▬▬ ▬▬▬▬ ▬▬ ▬▬▬ ▬▬ ▬▬▬▬ ▬▬ ▬▬▬ ▬▬ ▬▬▬▬ ▬▬ ▬▬▬ ▬▬ ▬▬▬▬ ▬▬ ▬▬▬ ▬▬ ▬▬▬▬ ▬▬ ▬▬▬ ▬▬ ▬▬▬▬ ▬▬ ▬▬▬ ▬▬ ▬▬▬▬ ▬▬ ▬▬▬ ▬▬ ▬▬▬▬ ▬▬ ▬▬▬ ▬▬ ▬▬▬▬ ▬▬ ▬▬▬ ▬▬ ▬▬▬▬ ▬▬ ▬▬▬ ▬▬ ▬▬▬▬ ▬▬ ▬▬▬ ▬▬ ▬▬▬▬ ▬▬ ▬▬▬ ▬▬ ▬▬▬▬ ▬▬ ▬▬▬ ▬▬ ▬▬▬▬ ▬▬ ▬▬▬ ▬▬ ▬▬▬▬ ▬▬ ▬▬▬ ▬▬ ▬▬▬▬ ▬▬ ▬▬▬ ▬▬ ▬▬▬▬ ▬▬ ▬▬▬ ▬▬ ▬▬▬▬ ▬▬ ▬▬▬ ▬▬ ▬▬▬▬ ▬▬ ▬▬▬ ▬▬ ▬▬▬▬ ▬▬ ▬▬▬ ▬▬ ▬▬▬▬ ▬▬ ▬▬▬ ▬▬ ▬▬▬▬ ▬▬ ▬▬▬ ▬▬ ▬▬▬▬ ▬▬ ▬▬▬ ▬▬ ▬▬▬▬ ▬▬ ▬▬▬ ▬▬ ▬▬▬▬ ▬▬ ▬▬▬ ▬▬ ▬▬▬▬ ▬▬ ▬▬▬ ▬▬ ▬▬▬▬ ▬▬ ▬▬▬ ▬▬ ▬▬▬▬ ▬▬ ▬▬▬ ▬▬ ▬▬▬▬ ▬▬ ▬▬▬ ▬▬ ▬▬▬▬ ▬▬ ▬▬▬ ▬▬ ▬▬▬▬ ▬▬ ▬▬▬ ▬▬ ▬▬▬▬ ▬▬ ▬▬▬ ▬▬ ▬▬▬▬ ▬▬ ▬▬▬ ▬▬ ▬▬▬▬ ▬▬ ▬▬▬ ▬▬ ▬▬▬▬ ▬▬ ▬▬▬ ▬▬ ▬▬▬▬ ▬▬ ▬▬▬ ▬▬ ▬▬▬▬ ▬▬ ▬▬▬ ▬▬ ▬▬▬▬ ▬▬ ▬▬▬ ▬▬ ▬▬▬▬ ▬▬ ▬▬▬ ▬▬ ▬▬▬▬ ▬▬ ▬▬▬ ▬▬ ▬▬▬▬ ▬▬ ▬▬▬ ▬▬ ▬▬▬▬ ▬▬ ▬▬▬ ▬▬ ▬▬▬▬ ▬▬ ▬▬▬ ▬▬ ▬▬▬▬ ▬▬ ▬▬▬ ▬▬ ▬▬▬▬ ▬▬ ▬▬▬ ▬▬ ▬▬▬▬ ▬▬ ▬▬▬ ▬▬ ▬▬▬▬ ▬▬ ▬▬▬ ▬▬ ▬▬▬▬ ▬▬ ▬▬▬ ▬▬ ▬▬▬▬ ▬▬ ▬▬▬ ▬▬ ▬▬▬▬ ▬▬ ▬▬▬ ▬▬ ▬▬▬▬ ▬▬ ▬▬▬ ▬▬ ▬▬▬▬ ▬▬ ▬▬▬ ▬▬ ▬▬▬▬ ▬▬ ▬▬▬ ▬▬ ▬▬▬▬ ▬▬ ▬▬▬ ▬▬ ▬▬▬▬ ▬▬ ▬▬▬ ▬▬ ▬▬▬▬ ▬▬ ▬▬▬ ▬▬ ▬▬▬▬ ▬▬ ▬▬▬ ▬▬ ▬▬▬▬ ▬▬ ▬▬▬ ▬▬ ▬▬▬▬ ▬▬ ▬▬▬ ▬▬ ▬▬▬▬ ▬▬ ▬▬▬ ▬▬ ▬▬▬▬ ▬▬ ▬▬▬ ▬▬ ▬▬▬▬ ▬▬ ▬▬▬ ▬▬ ▬▬▬▬ ▬▬ ▬▬▬ ▬▬ ▬▬▬▬ ▬▬ ▬▬▬ ▬▬ ▬▬▬▬ ▬▬ ▬▬▬ ▬▬ ▬▬▬▬ ▬▬ ▬▬▬ ▬▬ ▬▬▬▬ ▬▬ ▬▬▬ ▬▬ ▬▬▬▬ ▬▬ ▬▬▬ ▬▬ ▬▬▬▬ ▬▬ ▬▬▬ ▬▬ ▬▬▬▬ ▬▬ ▬▬▬ ▬▬ ▬▬▬▬ ▬▬ ▬▬▬ ▬▬ ▬▬▬▬ ▬▬ ▬▬▬ ▬▬ ▬▬▬▬ ▬▬ ▬▬▬ ▬▬ ▬▬▬▬ ▬▬ ▬▬▬ ▬▬ ▬▬▬▬ ▬▬ ▬▬▬ ▬▬ ▬▬▬▬ ▬▬ ▬▬▬ ▬▬ ▬▬▬▬ ▬▬ ▬▬▬ ▬▬ ▬▬▬▬ ▬▬ ▬▬▬ ▬▬ ▬▬▬▬ ▬▬ ▬▬▬ ▬▬ ▬▬▬▬ ▬▬ ▬▬▬ ▬▬ ▬▬▬▬ ▬▬ ▬▬▬ ▬▬ ▬▬▬▬ ▬▬ ▬▬▬ ▬▬ ▬▬▬▬ ▬▬ ▬▬▬ ▬▬ ▬▬▬▬ ▬▬ ▬▬▬ ▬▬ ▬▬▬▬ ▬▬ ▬▬▬ ▬▬ ▬▬▬▬ ▬▬ ▬▬▬ ▬▬ ▬▬▬▬ ▬▬ ▬▬▬ ▬▬ ▬▬▬▬ ▬▬ ▬▬▬ ▬▬ ▬▬▬▬ ▬▬ ▬▬▬ ▬▬ ▬▬▬▬ ▬▬ ▬▬▬ ▬▬ ▬▬▬▬ ▬▬ ▬▬▬ ▬▬ ▬▬▬▬ ▬▬ ▬▬▬ ▬▬ ▬▬▬▬ ▬▬ ▬▬▬ ▬▬ ▬▬▬▬ ▬▬ ▬▬▬ ▬▬ ▬▬▬▬ ▬▬ ▬▬▬ ▬▬ ▬▬▬▬ ▬▬ ▬▬▬ ▬▬ ▬▬▬▬ ▬▬ ▬▬▬ ▬▬ ▬▬▬▬ ▬▬ ▬▬▬ ▬▬ ▬▬▬▬ ▬▬ ▬▬▬ ▬▬ ▬▬▬▬ ▬▬ ▬▬▬ ▬▬ ▬▬▬▬ ▬▬ ▬▬▬ ▬▬ ▬▬▬▬ ▬▬ ▬▬▬ ▬▬ ▬▬▬▬ ▬▬ ▬▬▬ ▬▬ ▬▬▬▬ ▬▬ ▬▬▬ ▬▬ ▬▬▬▬ ▬▬ ▬▬▬ ▬▬ ▬▬▬▬ ▬▬ ▬▬▬ ▬▬ ▬▬▬▬ ▬▬ ▬▬▬ ▬▬ ▬▬▬▬ ▬▬ ▬▬▬ ▬▬ ▬▬▬▬ ▬▬ ▬▬▬ ▬▬ ▬▬▬▬ ▬▬ ▬▬▬ ▬▬ ▬▬▬▬ ▬▬ ▬▬▬ ▬▬ ▬▬▬▬ ▬▬ ▬▬▬ ▬▬ ▬▬▬▬ ▬▬ ▬▬▬ ▬▬ ▬▬▬▬ ▬▬ ▬▬▬ ▬▬ ▬▬▬▬ ▬▬ ▬▬▬ ▬▬ ▬▬▬▬ ▬▬ ▬▬▬ ▬▬ ▬▬▬▬ ▬▬ ▬▬▬ ▬▬ ▬▬▬▬ ▬▬ ▬▬▬ ▬▬ ▬▬▬▬ ▬▬ ▬▬▬ ▬▬ ▬▬▬▬ ▬▬ ▬▬▬ ▬▬ ▬▬▬▬ ▬▬ ▬▬▬ ▬▬ ▬▬▬▬ ▬▬ ▬▬▬ ▬▬ ▬▬▬▬ ▬▬ ▬▬▬ ▬▬ ▬▬▬▬ ▬▬ ▬▬▬ ▬▬ ▬▬▬▬ ▬▬ ▬▬▬ ▬▬ ▬▬▬▬ ▬▬ ▬▬▬ ▬▬ ▬▬▬▬ ▬▬ ▬▬▬ ▬▬ ▬▬▬▬ ▬▬ ▬▬▬ ▬▬ ▬▬▬▬ ▬▬ ▬▬▬ ▬▬ ▬▬▬▬ ▬▬ ▬▬▬ ▬▬ ▬▬▬▬ ▬▬ ▬▬▬ ▬▬ ▬▬▬▬ ▬▬ ▬▬▬ ▬▬ ▬▬▬▬ ▬▬ ▬▬▬ ▬▬ ▬▬▬▬ ▬▬ ▬▬▬ ▬▬ ▬▬▬▬ ▬▬ ▬▬▬ ▬▬ ▬▬▬▬ ▬▬ ▬▬▬ ▬▬ ▬▬▬▬ ▬▬ ▬▬▬ ▬▬ ▬▬▬▬ ▬▬ ▬▬▬ ▬▬ ▬▬▬▬ ▬▬ ▬▬▬ ▬▬ ▬▬▬▬ ▬▬ ▬▬▬ ▬▬ ▬▬▬▬ ▬▬ ▬▬▬ ▬▬ ▬▬▬▬
PEŞİNATLA
▬▬ ▬▬▬ ▬▬ ▬▬▬▬ ▬▬ ▬▬▬ ▬▬ ▬▬▬▬ ▬▬ ▬▬▬ ▬▬ ▬▬▬▬ ▬▬ ▬▬▬ ▬▬ ▬▬▬▬ ▬▬ ▬▬▬ ▬▬ ▬▬▬▬ ▬▬ ▬▬▬ ▬▬ ▬▬▬▬ ▬▬ ▬▬▬ ▬▬ ▬▬▬▬ ▬▬ ▬▬▬ ▬▬ ▬▬▬▬ ▬▬ ▬▬▬ ▬▬ ▬▬▬▬ ▬▬ ▬▬▬ ▬▬ ▬▬▬▬ ▬▬ ▬▬▬ ▬▬ ▬▬▬▬ ▬▬ ▬▬▬ ▬▬ ▬▬▬▬ ▬▬ ▬▬▬ ▬▬ ▬▬▬▬ ▬▬ ▬▬▬ ▬▬ ▬▬▬▬ ▬▬ ▬▬▬ ▬▬ ▬▬▬▬ ▬▬ ▬▬▬ ▬▬ ▬▬▬▬ ▬▬ ▬▬▬ ▬▬ ▬▬▬▬ ▬▬ ▬▬▬ ▬▬ ▬▬▬▬ ▬▬ ▬▬▬ ▬▬ ▬▬▬▬ ▬▬ ▬▬▬ ▬▬ ▬▬▬▬ ▬▬ ▬▬▬ ▬▬ ▬▬▬▬ ▬▬ ▬▬▬ ▬▬ ▬▬▬▬ ▬▬ ▬▬▬ ▬▬ ▬▬▬▬ ▬▬ ▬▬▬ ▬▬ ▬▬▬▬ ▬▬ ▬▬▬ ▬▬ ▬▬▬▬ ▬▬ ▬▬▬ ▬▬ ▬▬▬▬ ▬▬ ▬▬▬ ▬▬ ▬▬▬▬ ▬▬ ▬▬▬ ▬▬ ▬▬▬▬ ▬▬ ▬▬▬ ▬▬ ▬▬▬▬ ▬▬ ▬▬▬ ▬▬ ▬▬▬▬ ▬▬ ▬▬▬ ▬▬ ▬▬▬▬ ▬▬ ▬▬▬ ▬▬ ▬▬▬▬ ▬▬ ▬▬▬ ▬▬ ▬▬▬▬ ▬▬ ▬▬▬ ▬▬ ▬▬▬▬ ▬▬ ▬▬▬ ▬▬ ▬▬▬▬ ▬▬ ▬▬▬ ▬▬ ▬▬▬▬ ▬▬ ▬▬▬ ▬▬ ▬▬▬▬ ▬▬ ▬▬▬ ▬▬ ▬▬▬▬ ▬▬ ▬▬▬ ▬▬ ▬▬▬▬ ▬▬ ▬▬▬ ▬▬ ▬▬▬▬ ▬▬ ▬▬▬ ▬▬ ▬▬▬▬ ▬▬ ▬▬▬ ▬▬ ▬▬▬▬ ▬▬ ▬▬▬ ▬▬ ▬▬▬▬ ▬▬ ▬▬▬ ▬▬ ▬▬▬▬ ▬▬ ▬▬▬ ▬▬ ▬▬▬▬ ▬▬ ▬▬▬ ▬▬ ▬▬▬▬ ▬▬ ▬▬▬ ▬▬ ▬▬▬▬ ▬▬ ▬▬▬ ▬▬ ▬▬▬▬ ▬▬ ▬▬▬ ▬▬ ▬▬▬▬ ▬▬ ▬▬▬ ▬▬ ▬▬▬▬ ▬▬ ▬▬▬ ▬▬ ▬▬▬▬ ▬▬ ▬▬▬ ▬▬ ▬▬▬▬ ▬▬ ▬▬▬ ▬▬ ▬▬▬▬ ▬▬ ▬▬▬ ▬▬ ▬▬▬▬ ▬▬ ▬▬▬ ▬▬ ▬▬▬▬ ▬▬ ▬▬▬ ▬▬ ▬▬▬▬ ▬▬ ▬▬▬ ▬▬ ▬▬▬▬ ▬▬ ▬▬▬ ▬▬ ▬▬▬▬ ▬▬ ▬▬▬ ▬▬ ▬▬▬▬ ▬▬ ▬▬▬ ▬▬ ▬▬▬▬ ▬▬ ▬▬▬ ▬▬ ▬▬▬▬ ▬▬ ▬▬▬ ▬▬ ▬▬▬▬ ▬▬ ▬▬▬ ▬▬ ▬▬▬▬ ▬▬ ▬▬▬ ▬▬ ▬▬▬▬ ▬▬ ▬▬▬ ▬▬ ▬▬▬▬ ▬▬ ▬▬▬ ▬▬ ▬▬▬▬ ▬▬ ▬▬▬ ▬▬ ▬▬▬▬ ▬▬ ▬▬▬ ▬▬ ▬▬▬▬ ▬▬ ▬▬▬ ▬▬ ▬▬▬▬ ▬▬ ▬▬▬ ▬▬ ▬▬▬▬ ▬▬ ▬▬▬ ▬▬ ▬▬▬▬ ▬▬ ▬▬▬ ▬▬ ▬▬▬▬ ▬▬ ▬▬▬ ▬▬ ▬▬▬▬ ▬▬ ▬▬▬ ▬▬ ▬▬▬▬ ▬▬ ▬▬▬ ▬▬ ▬▬▬▬ ▬▬ ▬▬▬ ▬▬ ▬▬▬▬ ▬▬ ▬▬▬ ▬▬ ▬▬▬▬ ▬▬ ▬▬▬ ▬▬ ▬▬▬▬ ▬▬ ▬▬▬ ▬▬ ▬▬▬▬ ▬▬ ▬▬▬ ▬▬ ▬▬▬▬ ▬▬ ▬▬▬ ▬▬ ▬▬▬▬ ▬▬ ▬▬▬ ▬▬ ▬▬▬▬ ▬▬ ▬▬▬ ▬▬ ▬▬▬▬ ▬▬ ▬▬▬ ▬▬ ▬▬▬▬ ▬▬ ▬▬▬ ▬▬ ▬▬▬▬ ▬▬ ▬▬▬ ▬▬ ▬▬▬▬ ▬▬ ▬▬▬ ▬▬ ▬▬▬▬ ▬▬ ▬▬▬ ▬▬ ▬▬▬▬ ▬▬ ▬▬▬ ▬▬ ▬▬▬▬ ▬▬ ▬▬▬ ▬▬ ▬▬▬▬ ▬▬ ▬▬▬ ▬▬ ▬▬▬▬ ▬▬ ▬▬▬ ▬▬ ▬▬▬▬ ▬▬ ▬▬▬ ▬▬ ▬▬▬▬ ▬▬ ▬▬▬ ▬▬ ▬▬▬▬ ▬▬ ▬▬▬ ▬▬ ▬▬▬▬ ▬▬ ▬▬▬ ▬▬ ▬▬▬▬ ▬▬ ▬▬▬ ▬▬ ▬▬▬▬ ▬▬ ▬▬▬ ▬▬ ▬▬▬▬ ▬▬ ▬▬▬ ▬▬ ▬▬▬▬ ▬▬ ▬▬▬ ▬▬ ▬▬▬▬ ▬▬ ▬▬▬ ▬▬ ▬▬▬▬ ▬▬ ▬▬▬ ▬▬ ▬▬▬▬ ▬▬ ▬▬▬ ▬▬ ▬▬▬▬ ▬▬ ▬▬▬ ▬▬ ▬▬▬▬ ▬▬ ▬▬▬ ▬▬ ▬▬▬▬ ▬▬ ▬▬▬ ▬▬ ▬▬▬▬ ▬▬ ▬▬▬ ▬▬ ▬▬▬▬ ▬▬ ▬▬▬ ▬▬ ▬▬▬▬ ▬▬ ▬▬▬ ▬▬ ▬▬▬▬ ▬▬ ▬▬▬ ▬▬ ▬▬▬▬ ▬▬ ▬▬▬ ▬▬ ▬▬▬▬ ▬▬ ▬▬▬ ▬▬ ▬▬▬▬ ▬▬ ▬▬▬ ▬▬ ▬▬▬▬ ▬▬ ▬▬▬ ▬▬ ▬▬▬▬ ▬▬ ▬▬▬ ▬▬ ▬▬▬▬ ▬▬ ▬▬▬ ▬▬ ▬▬▬▬ ▬▬ ▬▬▬ ▬▬ ▬▬▬▬ ▬▬ ▬▬▬ ▬▬ ▬▬▬▬ ▬▬ ▬▬▬ ▬▬ ▬▬▬▬ ▬▬ ▬▬▬ ▬▬ ▬▬▬▬ ▬▬ ▬▬▬ ▬▬ ▬▬▬▬ ▬▬ ▬▬▬ ▬▬ ▬▬▬▬ ▬▬ ▬▬▬ ▬▬ ▬▬▬▬ ▬▬ ▬▬▬ ▬▬ ▬▬▬▬ ▬▬ ▬▬▬ ▬▬ ▬▬▬▬ ▬▬ ▬▬▬ ▬▬ ▬▬▬▬ ▬▬ ▬▬▬ ▬▬ ▬▬▬▬ ▬▬ ▬▬▬ ▬▬ ▬▬▬▬ ▬▬ ▬▬▬ ▬▬ ▬▬▬▬ ▬▬ ▬▬▬ ▬▬ ▬▬▬▬ ▬▬ ▬▬▬ ▬▬ ▬▬▬▬ ▬▬ ▬▬▬ ▬▬ ▬▬▬▬ ▬▬ ▬▬▬ ▬▬ ▬▬▬▬ ▬▬ ▬▬▬ ▬▬ ▬▬▬▬ ▬▬ ▬▬▬ ▬▬ ▬▬▬▬ ▬▬ ▬▬▬ ▬▬ ▬▬▬▬ ▬▬ ▬▬▬ ▬▬ ▬▬▬▬ ▬▬ ▬▬▬ ▬▬ ▬▬▬▬ ▬▬ ▬▬▬ ▬▬ ▬▬▬▬ ▬▬ ▬▬▬ ▬▬ ▬▬▬▬ ▬▬ ▬▬▬ ▬▬ ▬▬▬▬ ▬▬ ▬▬▬ ▬▬ ▬▬▬▬ ▬▬ ▬▬▬ ▬▬ ▬▬▬▬ ▬▬ ▬▬▬ ▬▬ ▬▬▬▬ ▬▬ ▬▬▬ ▬▬ ▬▬▬▬ ▬▬ ▬▬▬ ▬▬ ▬▬▬▬ ▬▬ ▬▬▬ ▬▬ ▬▬▬▬ ▬▬ ▬▬▬ ▬▬ ▬▬▬▬ ▬▬ ▬▬▬ ▬▬ ▬▬▬▬ ▬▬ ▬▬▬ ▬▬ ▬▬▬▬ ▬▬ ▬▬▬ ▬▬ ▬▬▬▬ ▬▬ ▬▬▬ ▬▬ ▬▬▬▬ ▬▬ ▬▬▬ ▬▬ ▬▬▬▬ ▬▬ ▬▬▬ ▬▬ ▬▬▬▬ ▬▬ ▬▬▬ ▬▬ ▬▬▬▬ ▬▬ ▬▬▬ ▬▬ ▬▬▬▬ ▬▬ ▬▬▬ ▬▬ ▬▬▬▬ ▬▬ ▬▬▬ ▬▬ ▬▬▬▬ ▬▬ ▬▬▬ ▬▬ ▬▬▬▬ ▬▬ ▬▬▬ ▬▬ ▬▬▬▬ ▬▬ ▬▬▬ ▬▬ ▬▬▬▬ ▬▬ ▬▬▬ ▬▬ ▬▬▬▬ ▬▬ ▬▬▬ ▬▬ ▬▬▬▬ ▬▬ ▬▬▬ ▬▬ ▬▬▬▬ ▬▬ ▬▬▬ ▬▬ ▬▬▬▬ ▬▬ ▬▬▬ ▬▬ ▬▬▬▬ ▬▬ ▬▬▬ ▬▬ ▬▬▬▬ ▬▬ ▬▬▬ ▬▬ ▬▬▬▬ ▬▬ ▬▬▬ ▬▬ ▬▬▬▬ ▬▬ ▬▬▬ ▬▬ ▬▬▬▬ ▬▬ ▬▬▬ ▬▬ ▬▬▬▬ ▬▬ ▬▬▬ ▬▬ ▬▬▬▬ ▬▬ ▬▬▬ ▬▬ ▬▬▬▬ ▬▬ ▬▬▬ ▬▬ ▬▬▬▬ ▬▬ ▬▬▬ ▬▬ ▬▬▬▬ ▬▬ ▬▬▬ ▬▬ ▬▬▬▬ ▬▬ ▬▬▬ ▬▬ ▬▬▬▬ ▬▬ ▬▬▬ ▬▬ ▬▬▬▬ ▬▬ ▬▬▬ ▬▬ ▬▬▬▬ ▬▬ ▬▬▬ ▬▬ ▬▬▬▬
OTEL
Avrupa Satılık İşyeri
▬▬ ▬▬▬ ▬▬ ▬▬▬▬ ▬▬ ▬▬▬ ▬▬ ▬▬▬▬ ▬▬ ▬▬▬ ▬▬ ▬▬▬▬ ▬▬ ▬▬▬ ▬▬ ▬▬▬▬ ▬▬ ▬▬▬ ▬▬ ▬▬▬▬ ▬▬ ▬▬▬ ▬▬ ▬▬▬▬ ▬▬ ▬▬▬ ▬▬ ▬▬▬▬ ▬▬ ▬▬▬ ▬▬ ▬▬▬▬ ▬▬ ▬▬▬ ▬▬ ▬▬▬▬ ▬▬ ▬▬▬ ▬▬ ▬▬▬▬ ▬▬ ▬▬▬ ▬▬ ▬▬▬▬ ▬▬ ▬▬▬ ▬▬ ▬▬▬▬ ▬▬ ▬▬▬ ▬▬ ▬▬▬▬ ▬▬ ▬▬▬ ▬▬ ▬▬▬▬ ▬▬ ▬▬▬ ▬▬ ▬▬▬▬ ▬▬ ▬▬▬ ▬▬ ▬▬▬▬ ▬▬ ▬▬▬ ▬▬ ▬▬▬▬ ▬▬ ▬▬▬ ▬▬ ▬▬▬▬ ▬▬ ▬▬▬ ▬▬ ▬▬▬▬ ▬▬ ▬▬▬ ▬▬ ▬▬▬▬ ▬▬ ▬▬▬ ▬▬ ▬▬▬▬ ▬▬ ▬▬▬ ▬▬ ▬▬▬▬ ▬▬ ▬▬▬ ▬▬ ▬▬▬▬ ▬▬ ▬▬▬ ▬▬ ▬▬▬▬ ▬▬ ▬▬▬ ▬▬ ▬▬▬▬ ▬▬ ▬▬▬ ▬▬ ▬▬▬▬ ▬▬ ▬▬▬ ▬▬ ▬▬▬▬ ▬▬ ▬▬▬ ▬▬ ▬▬▬▬ ▬▬ ▬▬▬ ▬▬ ▬▬▬▬ ▬▬ ▬▬▬ ▬▬ ▬▬▬▬ ▬▬ ▬▬▬ ▬▬ ▬▬▬▬ ▬▬ ▬▬▬ ▬▬ ▬▬▬▬ ▬▬ ▬▬▬ ▬▬ ▬▬▬▬ ▬▬ ▬▬▬ ▬▬ ▬▬▬▬ ▬▬ ▬▬▬ ▬▬ ▬▬▬▬ ▬▬ ▬▬▬ ▬▬ ▬▬▬▬ ▬▬ ▬▬▬ ▬▬ ▬▬▬▬ ▬▬ ▬▬▬ ▬▬ ▬▬▬▬ ▬▬ ▬▬▬ ▬▬ ▬▬▬▬ ▬▬ ▬▬▬ ▬▬ ▬▬▬▬ ▬▬ ▬▬▬ ▬▬ ▬▬▬▬ ▬▬ ▬▬▬ ▬▬ ▬▬▬▬ ▬▬ ▬▬▬ ▬▬ ▬▬▬▬ ▬▬ ▬▬▬ ▬▬ ▬▬▬▬ ▬▬ ▬▬▬ ▬▬ ▬▬▬▬ ▬▬ ▬▬▬ ▬▬ ▬▬▬▬ ▬▬ ▬▬▬ ▬▬ ▬▬▬▬ ▬▬ ▬▬▬ ▬▬ ▬▬▬▬ ▬▬ ▬▬▬ ▬▬ ▬▬▬▬ ▬▬ ▬▬▬ ▬▬ ▬▬▬▬ ▬▬ ▬▬▬ ▬▬ ▬▬▬▬ ▬▬ ▬▬▬ ▬▬ ▬▬▬▬ ▬▬ ▬▬▬ ▬▬ ▬▬▬▬ ▬▬ ▬▬▬ ▬▬ ▬▬▬▬ ▬▬ ▬▬▬ ▬▬ ▬▬▬▬ ▬▬ ▬▬▬ ▬▬ ▬▬▬▬ ▬▬ ▬▬▬ ▬▬ ▬▬▬▬ ▬▬ ▬▬▬ ▬▬ ▬▬▬▬ ▬▬ ▬▬▬ ▬▬ ▬▬▬▬ ▬▬ ▬▬▬ ▬▬ ▬▬▬▬ ▬▬ ▬▬▬ ▬▬ ▬▬▬▬ ▬▬ ▬▬▬ ▬▬ ▬▬▬▬ ▬▬ ▬▬▬ ▬▬ ▬▬▬▬ ▬▬ ▬▬▬ ▬▬ ▬▬▬▬ ▬▬ ▬▬▬ ▬▬ ▬▬▬▬ ▬▬ ▬▬▬ ▬▬ ▬▬▬▬ ▬▬ ▬▬▬ ▬▬ ▬▬▬▬ ▬▬ ▬▬▬ ▬▬ ▬▬▬▬ ▬▬ ▬▬▬ ▬▬ ▬▬▬▬ ▬▬ ▬▬▬ ▬▬ ▬▬▬▬ ▬▬ ▬▬▬ ▬▬ ▬▬▬▬ ▬▬ ▬▬▬ ▬▬ ▬▬▬▬ ▬▬ ▬▬▬ ▬▬ ▬▬▬▬ ▬▬ ▬▬▬ ▬▬ ▬▬▬▬ ▬▬ ▬▬▬ ▬▬ ▬▬▬▬ ▬▬ ▬▬▬ ▬▬ ▬▬▬▬ ▬▬ ▬▬▬ ▬▬ ▬▬▬▬ ▬▬ ▬▬▬ ▬▬ ▬▬▬▬ ▬▬ ▬▬▬ ▬▬ ▬▬▬▬ ▬▬ ▬▬▬ ▬▬ ▬▬▬▬ ▬▬ ▬▬▬ ▬▬ ▬▬▬▬ ▬▬ ▬▬▬ ▬▬ ▬▬▬▬ ▬▬ ▬▬▬ ▬▬ ▬▬▬▬ ▬▬ ▬▬▬ ▬▬ ▬▬▬▬ ▬▬ ▬▬▬ ▬▬ ▬▬▬▬ ▬▬ ▬▬▬ ▬▬ ▬▬▬▬ ▬▬ ▬▬▬ ▬▬ ▬▬▬▬ ▬▬ ▬▬▬ ▬▬ ▬▬▬▬ ▬▬ ▬▬▬ ▬▬ ▬▬▬▬ ▬▬ ▬▬▬ ▬▬ ▬▬▬▬ ▬▬ ▬▬▬ ▬▬ ▬▬▬▬ ▬▬ ▬▬▬ ▬▬ ▬▬▬▬ ▬▬ ▬▬▬ ▬▬ ▬▬▬▬ ▬▬ ▬▬▬ ▬▬ ▬▬▬▬ ▬▬ ▬▬▬ ▬▬ ▬▬▬▬ ▬▬ ▬▬▬ ▬▬ ▬▬▬▬ ▬▬ ▬▬▬ ▬▬ ▬▬▬▬ ▬▬ ▬▬▬ ▬▬ ▬▬▬▬ ▬▬ ▬▬▬ ▬▬ ▬▬▬▬ ▬▬ ▬▬▬ ▬▬ ▬▬▬▬ ▬▬ ▬▬▬ ▬▬ ▬▬▬▬ ▬▬ ▬▬▬ ▬▬ ▬▬▬▬ ▬▬ ▬▬▬ ▬▬ ▬▬▬▬ ▬▬ ▬▬▬ ▬▬ ▬▬▬▬ ▬▬ ▬▬▬ ▬▬ ▬▬▬▬ ▬▬ ▬▬▬ ▬▬ ▬▬▬▬ ▬▬ ▬▬▬ ▬▬ ▬▬▬▬ ▬▬ ▬▬▬ ▬▬ ▬▬▬▬ ▬▬ ▬▬▬ ▬▬ ▬▬▬▬ ▬▬ ▬▬▬ ▬▬ ▬▬▬▬ ▬▬ ▬▬▬ ▬▬ ▬▬▬▬ ▬▬ ▬▬▬ ▬▬ ▬▬▬▬ ▬▬ ▬▬▬ ▬▬ ▬▬▬▬ ▬▬ ▬▬▬ ▬▬ ▬▬▬▬ ▬▬ ▬▬▬ ▬▬ ▬▬▬▬ ▬▬ ▬▬▬ ▬▬ ▬▬▬▬ ▬▬ ▬▬▬ ▬▬ ▬▬▬▬ ▬▬ ▬▬▬ ▬▬ ▬▬▬▬ ▬▬ ▬▬▬ ▬▬ ▬▬▬▬ ▬▬ ▬▬▬ ▬▬ ▬▬▬▬ ▬▬ ▬▬▬ ▬▬ ▬▬▬▬ ▬▬ ▬▬▬ ▬▬ ▬▬▬▬ ▬▬ ▬▬▬ ▬▬ ▬▬▬▬ ▬▬ ▬▬▬ ▬▬ ▬▬▬▬ ▬▬ ▬▬▬ ▬▬ ▬▬▬▬ ▬▬ ▬▬▬ ▬▬ ▬▬▬▬ ▬▬ ▬▬▬ ▬▬ ▬▬▬▬ ▬▬ ▬▬▬ ▬▬ ▬▬▬▬ ▬▬ ▬▬▬ ▬▬ ▬▬▬▬ ▬▬ ▬▬▬ ▬▬ ▬▬▬▬ ▬▬ ▬▬▬ ▬▬ ▬▬▬▬ ▬▬ ▬▬▬ ▬▬ ▬▬▬▬ ▬▬ ▬▬▬ ▬▬ ▬▬▬▬ ▬▬ ▬▬▬ ▬▬ ▬▬▬▬ ▬▬ ▬▬▬ ▬▬ ▬▬▬▬ ▬▬ ▬▬▬ ▬▬ ▬▬▬▬ ▬▬ ▬▬▬ ▬▬ ▬▬▬▬ ▬▬ ▬▬▬ ▬▬ ▬▬▬▬ ▬▬ ▬▬▬ ▬▬ ▬▬▬▬ ▬▬ ▬▬▬ ▬▬ ▬▬▬▬ ▬▬ ▬▬▬ ▬▬ ▬▬▬▬ ▬▬ ▬▬▬ ▬▬ ▬▬▬▬ ▬▬ ▬▬▬ ▬▬ ▬▬▬▬ ▬▬ ▬▬▬ ▬▬ ▬▬▬▬ ▬▬ ▬▬▬ ▬▬ ▬▬▬▬ ▬▬ ▬▬▬ ▬▬ ▬▬▬▬ ▬▬ ▬▬▬ ▬▬ ▬▬▬▬ ▬▬ ▬▬▬ ▬▬ ▬▬▬▬ ▬▬ ▬▬▬ ▬▬ ▬▬▬▬ ▬▬ ▬▬▬ ▬▬ ▬▬▬▬ ▬▬ ▬▬▬ ▬▬ ▬▬▬▬ ▬▬ ▬▬▬ ▬▬ ▬▬▬▬ ▬▬ ▬▬▬ ▬▬ ▬▬▬▬ ▬▬ ▬▬▬ ▬▬ ▬▬▬▬ ▬▬ ▬▬▬ ▬▬ ▬▬▬▬ ▬▬ ▬▬▬ ▬▬ ▬▬▬▬ ▬▬ ▬▬▬ ▬▬ ▬▬▬▬ ▬▬ ▬▬▬ ▬▬ ▬▬▬▬ ▬▬ ▬▬▬ ▬▬ ▬▬▬▬ ▬▬ ▬▬▬ ▬▬ ▬▬▬▬ ▬▬ ▬▬▬ ▬▬ ▬▬▬▬ ▬▬ ▬▬▬ ▬▬ ▬▬▬▬ ▬▬ ▬▬▬ ▬▬ ▬▬▬▬ ▬▬ ▬▬▬ ▬▬ ▬▬▬▬ ▬▬ ▬▬▬ ▬▬ ▬▬▬▬ ▬▬ ▬▬▬ ▬▬ ▬▬▬▬ ▬▬ ▬▬▬ ▬▬ ▬▬▬▬ ▬▬ ▬▬▬ ▬▬ ▬▬▬▬ ▬▬ ▬▬▬ ▬▬ ▬▬▬▬ ▬▬ ▬▬▬ ▬▬ ▬▬▬▬ ▬▬ ▬▬▬ ▬▬ ▬▬▬▬ ▬▬ ▬▬▬ ▬▬ ▬▬▬▬ ▬▬ ▬▬▬ ▬▬ ▬▬▬▬ ▬▬ ▬▬▬ ▬▬ ▬▬▬▬ ▬▬ ▬▬▬ ▬▬ ▬▬▬▬ ▬▬ ▬▬▬ ▬▬ ▬▬▬▬ ▬▬ ▬▬▬ ▬▬ ▬▬▬▬ ▬▬ ▬▬▬ ▬▬ ▬▬▬▬ ▬▬ ▬▬▬ ▬▬ ▬▬▬▬ ▬▬ ▬▬▬ ▬▬ ▬▬▬▬
HADIMKÖY'DE
▬▬ ▬▬▬ ▬▬ ▬▬▬▬ ▬▬ ▬▬▬ ▬▬ ▬▬▬▬ ▬▬ ▬▬▬ ▬▬ ▬▬▬▬ ▬▬ ▬▬▬ ▬▬ ▬▬▬▬ ▬▬ ▬▬▬ ▬▬ ▬▬▬▬ ▬▬ ▬▬▬ ▬▬ ▬▬▬▬ ▬▬ ▬▬▬ ▬▬ ▬▬▬▬ ▬▬ ▬▬▬ ▬▬ ▬▬▬▬ ▬▬ ▬▬▬ ▬▬ ▬▬▬▬ ▬▬ ▬▬▬ ▬▬ ▬▬▬▬ ▬▬ ▬▬▬ ▬▬ ▬▬▬▬ ▬▬ ▬▬▬ ▬▬ ▬▬▬▬ ▬▬ ▬▬▬ ▬▬ ▬▬▬▬ ▬▬ ▬▬▬ ▬▬ ▬▬▬▬ ▬▬ ▬▬▬ ▬▬ ▬▬▬▬ ▬▬ ▬▬▬ ▬▬ ▬▬▬▬ ▬▬ ▬▬▬ ▬▬ ▬▬▬▬ ▬▬ ▬▬▬ ▬▬ ▬▬▬▬ ▬▬ ▬▬▬ ▬▬ ▬▬▬▬ ▬▬ ▬▬▬ ▬▬ ▬▬▬▬ ▬▬ ▬▬▬ ▬▬ ▬▬▬▬ ▬▬ ▬▬▬ ▬▬ ▬▬▬▬ ▬▬ ▬▬▬ ▬▬ ▬▬▬▬ ▬▬ ▬▬▬ ▬▬ ▬▬▬▬ ▬▬ ▬▬▬ ▬▬ ▬▬▬▬ ▬▬ ▬▬▬ ▬▬ ▬▬▬▬ ▬▬ ▬▬▬ ▬▬ ▬▬▬▬ ▬▬ ▬▬▬ ▬▬ ▬▬▬▬ ▬▬ ▬▬▬ ▬▬ ▬▬▬▬ ▬▬ ▬▬▬ ▬▬ ▬▬▬▬ ▬▬ ▬▬▬ ▬▬ ▬▬▬▬ ▬▬ ▬▬▬ ▬▬ ▬▬▬▬ ▬▬ ▬▬▬ ▬▬ ▬▬▬▬ ▬▬ ▬▬▬ ▬▬ ▬▬▬▬ ▬▬ ▬▬▬ ▬▬ ▬▬▬▬ ▬▬ ▬▬▬ ▬▬ ▬▬▬▬ ▬▬ ▬▬▬ ▬▬ ▬▬▬▬ ▬▬ ▬▬▬ ▬▬ ▬▬▬▬ ▬▬ ▬▬▬ ▬▬ ▬▬▬▬ ▬▬ ▬▬▬ ▬▬ ▬▬▬▬ ▬▬ ▬▬▬ ▬▬ ▬▬▬▬ ▬▬ ▬▬▬ ▬▬ ▬▬▬▬ ▬▬ ▬▬▬ ▬▬ ▬▬▬▬ ▬▬ ▬▬▬ ▬▬ ▬▬▬▬ ▬▬ ▬▬▬ ▬▬ ▬▬▬▬ ▬▬ ▬▬▬ ▬▬ ▬▬▬▬ ▬▬ ▬▬▬ ▬▬ ▬▬▬▬ ▬▬ ▬▬▬ ▬▬ ▬▬▬▬ ▬▬ ▬▬▬ ▬▬ ▬▬▬▬ ▬▬ ▬▬▬ ▬▬ ▬▬▬▬ ▬▬ ▬▬▬ ▬▬ ▬▬▬▬ ▬▬ ▬▬▬ ▬▬ ▬▬▬▬ ▬▬ ▬▬▬ ▬▬ ▬▬▬▬ ▬▬ ▬▬▬ ▬▬ ▬▬▬▬ ▬▬ ▬▬▬ ▬▬ ▬▬▬▬ ▬▬ ▬▬▬ ▬▬ ▬▬▬▬ ▬▬ ▬▬▬ ▬▬ ▬▬▬▬ ▬▬ ▬▬▬ ▬▬ ▬▬▬▬ ▬▬ ▬▬▬ ▬▬ ▬▬▬▬ ▬▬ ▬▬▬ ▬▬ ▬▬▬▬ ▬▬ ▬▬▬ ▬▬ ▬▬▬▬ ▬▬ ▬▬▬ ▬▬ ▬▬▬▬ ▬▬ ▬▬▬ ▬▬ ▬▬▬▬ ▬▬ ▬▬▬ ▬▬ ▬▬▬▬ ▬▬ ▬▬▬ ▬▬ ▬▬▬▬ ▬▬ ▬▬▬ ▬▬ ▬▬▬▬ ▬▬ ▬▬▬ ▬▬ ▬▬▬▬ ▬▬ ▬▬▬ ▬▬ ▬▬▬▬ ▬▬ ▬▬▬ ▬▬ ▬▬▬▬ ▬▬ ▬▬▬ ▬▬ ▬▬▬▬ ▬▬ ▬▬▬ ▬▬ ▬▬▬▬ ▬▬ ▬▬▬ ▬▬ ▬▬▬▬ ▬▬ ▬▬▬ ▬▬ ▬▬▬▬ ▬▬ ▬▬▬ ▬▬ ▬▬▬▬ ▬▬ ▬▬▬ ▬▬ ▬▬▬▬ ▬▬ ▬▬▬ ▬▬ ▬▬▬▬ ▬▬ ▬▬▬ ▬▬ ▬▬▬▬ ▬▬ ▬▬▬ ▬▬ ▬▬▬▬ ▬▬ ▬▬▬ ▬▬ ▬▬▬▬ ▬▬ ▬▬▬ ▬▬ ▬▬▬▬ ▬▬ ▬▬▬ ▬▬ ▬▬▬▬ ▬▬ ▬▬▬ ▬▬ ▬▬▬▬ ▬▬ ▬▬▬ ▬▬ ▬▬▬▬ ▬▬ ▬▬▬ ▬▬ ▬▬▬▬ ▬▬ ▬▬▬ ▬▬ ▬▬▬▬ ▬▬ ▬▬▬ ▬▬ ▬▬▬▬ ▬▬ ▬▬▬ ▬▬ ▬▬▬▬ ▬▬ ▬▬▬ ▬▬ ▬▬▬▬ ▬▬ ▬▬▬ ▬▬ ▬▬▬▬ ▬▬ ▬▬▬ ▬▬ ▬▬▬▬ ▬▬ ▬▬▬ ▬▬ ▬▬▬▬ ▬▬ ▬▬▬ ▬▬ ▬▬▬▬ ▬▬ ▬▬▬ ▬▬ ▬▬▬▬ ▬▬ ▬▬▬ ▬▬ ▬▬▬▬ ▬▬ ▬▬▬ ▬▬ ▬▬▬▬ ▬▬ ▬▬▬ ▬▬ ▬▬▬▬ ▬▬ ▬▬▬ ▬▬ ▬▬▬▬ ▬▬ ▬▬▬ ▬▬ ▬▬▬▬ ▬▬ ▬▬▬ ▬▬ ▬▬▬▬ ▬▬ ▬▬▬ ▬▬ ▬▬▬▬ ▬▬ ▬▬▬ ▬▬ ▬▬▬▬ ▬▬ ▬▬▬ ▬▬ ▬▬▬▬ ▬▬ ▬▬▬ ▬▬ ▬▬▬▬ ▬▬ ▬▬▬ ▬▬ ▬▬▬▬ ▬▬ ▬▬▬ ▬▬ ▬▬▬▬ ▬▬ ▬▬▬ ▬▬ ▬▬▬▬ ▬▬ ▬▬▬ ▬▬ ▬▬▬▬ ▬▬ ▬▬▬ ▬▬ ▬▬▬▬ ▬▬ ▬▬▬ ▬▬ ▬▬▬▬ ▬▬ ▬▬▬ ▬▬ ▬▬▬▬ ▬▬ ▬▬▬ ▬▬ ▬▬▬▬ ▬▬ ▬▬▬ ▬▬ ▬▬▬▬ ▬▬ ▬▬▬ ▬▬ ▬▬▬▬ ▬▬ ▬▬▬ ▬▬ ▬▬▬▬ ▬▬ ▬▬▬ ▬▬ ▬▬▬▬ ▬▬ ▬▬▬ ▬▬ ▬▬▬▬ ▬▬ ▬▬▬ ▬▬ ▬▬▬▬ ▬▬ ▬▬▬ ▬▬ ▬▬▬▬ ▬▬ ▬▬▬ ▬▬ ▬▬▬▬ ▬▬ ▬▬▬ ▬▬ ▬▬▬▬ ▬▬ ▬▬▬ ▬▬ ▬▬▬▬ ▬▬ ▬▬▬ ▬▬ ▬▬▬▬ ▬▬ ▬▬▬ ▬▬ ▬▬▬▬ ▬▬ ▬▬▬ ▬▬ ▬▬▬▬ ▬▬ ▬▬▬ ▬▬ ▬▬▬▬ ▬▬ ▬▬▬ ▬▬ ▬▬▬▬ ▬▬ ▬▬▬ ▬▬ ▬▬▬▬ ▬▬ ▬▬▬ ▬▬ ▬▬▬▬ ▬▬ ▬▬▬ ▬▬ ▬▬▬▬ ▬▬ ▬▬▬ ▬▬ ▬▬▬▬ ▬▬ ▬▬▬ ▬▬ ▬▬▬▬ ▬▬ ▬▬▬ ▬▬ ▬▬▬▬ ▬▬ ▬▬▬ ▬▬ ▬▬▬▬ ▬▬ ▬▬▬ ▬▬ ▬▬▬▬ ▬▬ ▬▬▬ ▬▬ ▬▬▬▬ ▬▬ ▬▬▬ ▬▬ ▬▬▬▬ ▬▬ ▬▬▬ ▬▬ ▬▬▬▬ ▬▬ ▬▬▬ ▬▬ ▬▬▬▬ ▬▬ ▬▬▬ ▬▬ ▬▬▬▬ ▬▬ ▬▬▬ ▬▬ ▬▬▬▬ ▬▬ ▬▬▬ ▬▬ ▬▬▬▬ ▬▬ ▬▬▬ ▬▬ ▬▬▬▬ ▬▬ ▬▬▬ ▬▬ ▬▬▬▬ ▬▬ ▬▬▬ ▬▬ ▬▬▬▬ ▬▬ ▬▬▬ ▬▬ ▬▬▬▬ ▬▬ ▬▬▬ ▬▬ ▬▬▬▬ ▬▬ ▬▬▬ ▬▬ ▬▬▬▬ ▬▬ ▬▬▬ ▬▬ ▬▬▬▬ ▬▬ ▬▬▬ ▬▬ ▬▬▬▬ ▬▬ ▬▬▬ ▬▬ ▬▬▬▬ ▬▬ ▬▬▬ ▬▬ ▬▬▬▬ ▬▬ ▬▬▬ ▬▬ ▬▬▬▬ ▬▬ ▬▬▬ ▬▬ ▬▬▬▬ ▬▬ ▬▬▬ ▬▬ ▬▬▬▬ ▬▬ ▬▬▬ ▬▬ ▬▬▬▬ ▬▬ ▬▬▬ ▬▬ ▬▬▬▬ ▬▬ ▬▬▬ ▬▬ ▬▬▬▬ ▬▬ ▬▬▬ ▬▬ ▬▬▬▬ ▬▬ ▬▬▬ ▬▬ ▬▬▬▬ ▬▬ ▬▬▬ ▬▬ ▬▬▬▬ ▬▬ ▬▬▬ ▬▬ ▬▬▬▬ ▬▬ ▬▬▬ ▬▬ ▬▬▬▬ ▬▬ ▬▬▬ ▬▬ ▬▬▬▬ ▬▬ ▬▬▬ ▬▬ ▬▬▬▬ ▬▬ ▬▬▬ ▬▬ ▬▬▬▬ ▬▬ ▬▬▬ ▬▬ ▬▬▬▬ ▬▬ ▬▬▬ ▬▬ ▬▬▬▬ ▬▬ ▬▬▬ ▬▬ ▬▬▬▬ ▬▬ ▬▬▬ ▬▬ ▬▬▬▬ ▬▬ ▬▬▬ ▬▬ ▬▬▬▬ ▬▬ ▬▬▬ ▬▬ ▬▬▬▬ ▬▬ ▬▬▬ ▬▬ ▬▬▬▬ ▬▬ ▬▬▬ ▬▬ ▬▬▬▬ ▬▬ ▬▬▬ ▬▬ ▬▬▬▬ ▬▬ ▬▬▬ ▬▬ ▬▬▬▬ ▬▬ ▬▬▬ ▬▬ ▬▬▬▬ ▬▬ ▬▬▬ ▬▬ ▬▬▬▬ ▬▬ ▬▬▬ ▬▬ ▬▬▬▬ ▬▬ ▬▬▬ ▬▬ ▬▬▬▬ ▬▬ ▬▬▬ ▬▬ ▬▬▬▬
SİLİVRİ
ARSLAN
▬▬ ▬▬▬ ▬▬ ▬▬▬▬ ▬▬ ▬▬▬ ▬▬ ▬▬▬▬ ▬▬ ▬▬▬ ▬▬ ▬▬▬▬ ▬▬ ▬▬▬ ▬▬ ▬▬▬▬ ▬▬ ▬▬▬ ▬▬ ▬▬▬▬ ▬▬ ▬▬▬ ▬▬ ▬▬▬▬ ▬▬ ▬▬▬ ▬▬ ▬▬▬▬ ▬▬ ▬▬▬ ▬▬ ▬▬▬▬ ▬▬ ▬▬▬ ▬▬ ▬▬▬▬ ▬▬ ▬▬▬ ▬▬ ▬▬▬▬ ▬▬ ▬▬▬ ▬▬ ▬▬▬▬ ▬▬ ▬▬▬ ▬▬ ▬▬▬▬ ▬▬ ▬▬▬ ▬▬ ▬▬▬▬ ▬▬ ▬▬▬ ▬▬ ▬▬▬▬ ▬▬ ▬▬▬ ▬▬ ▬▬▬▬ ▬▬ ▬▬▬ ▬▬ ▬▬▬▬ ▬▬ ▬▬▬ ▬▬ ▬▬▬▬ ▬▬ ▬▬▬ ▬▬ ▬▬▬▬ ▬▬ ▬▬▬ ▬▬ ▬▬▬▬ ▬▬ ▬▬▬ ▬▬ ▬▬▬▬ ▬▬ ▬▬▬ ▬▬ ▬▬▬▬ ▬▬ ▬▬▬ ▬▬ ▬▬▬▬ ▬▬ ▬▬▬ ▬▬ ▬▬▬▬ ▬▬ ▬▬▬ ▬▬ ▬▬▬▬ ▬▬ ▬▬▬ ▬▬ ▬▬▬▬ ▬▬ ▬▬▬ ▬▬ ▬▬▬▬ ▬▬ ▬▬▬ ▬▬ ▬▬▬▬ ▬▬ ▬▬▬ ▬▬ ▬▬▬▬ ▬▬ ▬▬▬ ▬▬ ▬▬▬▬ ▬▬ ▬▬▬ ▬▬ ▬▬▬▬ ▬▬ ▬▬▬ ▬▬ ▬▬▬▬ ▬▬ ▬▬▬ ▬▬ ▬▬▬▬ ▬▬ ▬▬▬ ▬▬ ▬▬▬▬ ▬▬ ▬▬▬ ▬▬ ▬▬▬▬ ▬▬ ▬▬▬ ▬▬ ▬▬▬▬ ▬▬ ▬▬▬ ▬▬ ▬▬▬▬ ▬▬ ▬▬▬ ▬▬ ▬▬▬▬ ▬▬ ▬▬▬ ▬▬ ▬▬▬▬ ▬▬ ▬▬▬ ▬▬ ▬▬▬▬ ▬▬ ▬▬▬ ▬▬ ▬▬▬▬ ▬▬ ▬▬▬ ▬▬ ▬▬▬▬ ▬▬ ▬▬▬ ▬▬ ▬▬▬▬ ▬▬ ▬▬▬ ▬▬ ▬▬▬▬ ▬▬ ▬▬▬ ▬▬ ▬▬▬▬ ▬▬ ▬▬▬ ▬▬ ▬▬▬▬ ▬▬ ▬▬▬ ▬▬ ▬▬▬▬ ▬▬ ▬▬▬ ▬▬ ▬▬▬▬ ▬▬ ▬▬▬ ▬▬ ▬▬▬▬ ▬▬ ▬▬▬ ▬▬ ▬▬▬▬ ▬▬ ▬▬▬ ▬▬ ▬▬▬▬ ▬▬ ▬▬▬ ▬▬ ▬▬▬▬ ▬▬ ▬▬▬ ▬▬ ▬▬▬▬ ▬▬ ▬▬▬ ▬▬ ▬▬▬▬ ▬▬ ▬▬▬ ▬▬ ▬▬▬▬ ▬▬ ▬▬▬ ▬▬ ▬▬▬▬ ▬▬ ▬▬▬ ▬▬ ▬▬▬▬ ▬▬ ▬▬▬ ▬▬ ▬▬▬▬ ▬▬ ▬▬▬ ▬▬ ▬▬▬▬ ▬▬ ▬▬▬ ▬▬ ▬▬▬▬ ▬▬ ▬▬▬ ▬▬ ▬▬▬▬ ▬▬ ▬▬▬ ▬▬ ▬▬▬▬ ▬▬ ▬▬▬ ▬▬ ▬▬▬▬ ▬▬ ▬▬▬ ▬▬ ▬▬▬▬ ▬▬ ▬▬▬ ▬▬ ▬▬▬▬ ▬▬ ▬▬▬ ▬▬ ▬▬▬▬ ▬▬ ▬▬▬ ▬▬ ▬▬▬▬ ▬▬ ▬▬▬ ▬▬ ▬▬▬▬ ▬▬ ▬▬▬ ▬▬ ▬▬▬▬ ▬▬ ▬▬▬ ▬▬ ▬▬▬▬ ▬▬ ▬▬▬ ▬▬ ▬▬▬▬ ▬▬ ▬▬▬ ▬▬ ▬▬▬▬ ▬▬ ▬▬▬ ▬▬ ▬▬▬▬ ▬▬ ▬▬▬ ▬▬ ▬▬▬▬ ▬▬ ▬▬▬ ▬▬ ▬▬▬▬ ▬▬ ▬▬▬ ▬▬ ▬▬▬▬ ▬▬ ▬▬▬ ▬▬ ▬▬▬▬ ▬▬ ▬▬▬ ▬▬ ▬▬▬▬ ▬▬ ▬▬▬ ▬▬ ▬▬▬▬ ▬▬ ▬▬▬ ▬▬ ▬▬▬▬ ▬▬ ▬▬▬ ▬▬ ▬▬▬▬ ▬▬ ▬▬▬ ▬▬ ▬▬▬▬ ▬▬ ▬▬▬ ▬▬ ▬▬▬▬ ▬▬ ▬▬▬ ▬▬ ▬▬▬▬ ▬▬ ▬▬▬ ▬▬ ▬▬▬▬ ▬▬ ▬▬▬ ▬▬ ▬▬▬▬ ▬▬ ▬▬▬ ▬▬ ▬▬▬▬ ▬▬ ▬▬▬ ▬▬ ▬▬▬▬ ▬▬ ▬▬▬ ▬▬ ▬▬▬▬ ▬▬ ▬▬▬ ▬▬ ▬▬▬▬ ▬▬ ▬▬▬ ▬▬ ▬▬▬▬ ▬▬ ▬▬▬ ▬▬ ▬▬▬▬ ▬▬ ▬▬▬ ▬▬ ▬▬▬▬ ▬▬ ▬▬▬ ▬▬ ▬▬▬▬ ▬▬ ▬▬▬ ▬▬ ▬▬▬▬ ▬▬ ▬▬▬ ▬▬ ▬▬▬▬ ▬▬ ▬▬▬ ▬▬ ▬▬▬▬ ▬▬ ▬▬▬ ▬▬ ▬▬▬▬ ▬▬ ▬▬▬ ▬▬ ▬▬▬▬ ▬▬ ▬▬▬ ▬▬ ▬▬▬▬ ▬▬ ▬▬▬ ▬▬ ▬▬▬▬ ▬▬ ▬▬▬ ▬▬ ▬▬▬▬ ▬▬ ▬▬▬ ▬▬ ▬▬▬▬ ▬▬ ▬▬▬ ▬▬ ▬▬▬▬ ▬▬ ▬▬▬ ▬▬ ▬▬▬▬ ▬▬ ▬▬▬ ▬▬ ▬▬▬▬ ▬▬ ▬▬▬ ▬▬ ▬▬▬▬ ▬▬ ▬▬▬ ▬▬ ▬▬▬▬ ▬▬ ▬▬▬ ▬▬ ▬▬▬▬ ▬▬ ▬▬▬ ▬▬ ▬▬▬▬ ▬▬ ▬▬▬ ▬▬ ▬▬▬▬ ▬▬ ▬▬▬ ▬▬ ▬▬▬▬ ▬▬ ▬▬▬ ▬▬ ▬▬▬▬ ▬▬ ▬▬▬ ▬▬ ▬▬▬▬ ▬▬ ▬▬▬ ▬▬ ▬▬▬▬ ▬▬ ▬▬▬ ▬▬ ▬▬▬▬ ▬▬ ▬▬▬ ▬▬ ▬▬▬▬ ▬▬ ▬▬▬ ▬▬ ▬▬▬▬ ▬▬ ▬▬▬ ▬▬ ▬▬▬▬ ▬▬ ▬▬▬ ▬▬ ▬▬▬▬ ▬▬ ▬▬▬ ▬▬ ▬▬▬▬ ▬▬ ▬▬▬ ▬▬ ▬▬▬▬ ▬▬ ▬▬▬ ▬▬ ▬▬▬▬ ▬▬ ▬▬▬ ▬▬ ▬▬▬▬ ▬▬ ▬▬▬ ▬▬ ▬▬▬▬ ▬▬ ▬▬▬ ▬▬ ▬▬▬▬ ▬▬ ▬▬▬ ▬▬ ▬▬▬▬ ▬▬ ▬▬▬ ▬▬ ▬▬▬▬ ▬▬ ▬▬▬ ▬▬ ▬▬▬▬ ▬▬ ▬▬▬ ▬▬ ▬▬▬▬ ▬▬ ▬▬▬ ▬▬ ▬▬▬▬ ▬▬ ▬▬▬ ▬▬ ▬▬▬▬ ▬▬ ▬▬▬ ▬▬ ▬▬▬▬ ▬▬ ▬▬▬ ▬▬ ▬▬▬▬ ▬▬ ▬▬▬ ▬▬ ▬▬▬▬ ▬▬ ▬▬▬ ▬▬ ▬▬▬▬ ▬▬ ▬▬▬ ▬▬ ▬▬▬▬ ▬▬ ▬▬▬ ▬▬ ▬▬▬▬ ▬▬ ▬▬▬ ▬▬ ▬▬▬▬ ▬▬ ▬▬▬ ▬▬ ▬▬▬▬ ▬▬ ▬▬▬ ▬▬ ▬▬▬▬ ▬▬ ▬▬▬ ▬▬ ▬▬▬▬ ▬▬ ▬▬▬ ▬▬ ▬▬▬▬ ▬▬ ▬▬▬ ▬▬ ▬▬▬▬ ▬▬ ▬▬▬ ▬▬ ▬▬▬▬ ▬▬ ▬▬▬ ▬▬ ▬▬▬▬ ▬▬ ▬▬▬ ▬▬ ▬▬▬▬ ▬▬ ▬▬▬ ▬▬ ▬▬▬▬ ▬▬ ▬▬▬ ▬▬ ▬▬▬▬ ▬▬ ▬▬▬ ▬▬ ▬▬▬▬ ▬▬ ▬▬▬ ▬▬ ▬▬▬▬ ▬▬ ▬▬▬ ▬▬ ▬▬▬▬ ▬▬ ▬▬▬ ▬▬ ▬▬▬▬ ▬▬ ▬▬▬ ▬▬ ▬▬▬▬ ▬▬ ▬▬▬ ▬▬ ▬▬▬▬ ▬▬ ▬▬▬ ▬▬ ▬▬▬▬ ▬▬ ▬▬▬ ▬▬ ▬▬▬▬ ▬▬ ▬▬▬ ▬▬ ▬▬▬▬ ▬▬ ▬▬▬ ▬▬ ▬▬▬▬ ▬▬ ▬▬▬ ▬▬ ▬▬▬▬ ▬▬ ▬▬▬ ▬▬ ▬▬▬▬ ▬▬ ▬▬▬ ▬▬ ▬▬▬▬ ▬▬ ▬▬▬ ▬▬ ▬▬▬▬ ▬▬ ▬▬▬ ▬▬ ▬▬▬▬ ▬▬ ▬▬▬ ▬▬ ▬▬▬▬ ▬▬ ▬▬▬ ▬▬ ▬▬▬▬ ▬▬ ▬▬▬ ▬▬ ▬▬▬▬ ▬▬ ▬▬▬ ▬▬ ▬▬▬▬ ▬▬ ▬▬▬ ▬▬ ▬▬▬▬ ▬▬ ▬▬▬ ▬▬ ▬▬▬▬ ▬▬ ▬▬▬ ▬▬ ▬▬▬▬ ▬▬ ▬▬▬ ▬▬ ▬▬▬▬ ▬▬ ▬▬▬ ▬▬ ▬▬▬▬ ▬▬ ▬▬▬ ▬▬ ▬▬▬▬ ▬▬ ▬▬▬ ▬▬ ▬▬▬▬ ▬▬ ▬▬▬ ▬▬ ▬▬▬▬ ▬▬ ▬▬▬ ▬▬ ▬▬▬▬ ▬▬ ▬▬▬ ▬▬ ▬▬▬▬ ▬▬ ▬▬▬ ▬▬ ▬▬▬▬ ▬▬ ▬▬▬ ▬▬ ▬▬▬▬ ▬▬ ▬▬▬ ▬▬ ▬▬▬▬
ARABASINI SATAMAYAN YOKTUR, POSTA SERİ İLAN SAYFALARINA İLAN VEREMEYEN ARABA SAHİBİ VARDIR
0212 505 68 84	POSTA SERİ İLAN
CMYB	24
